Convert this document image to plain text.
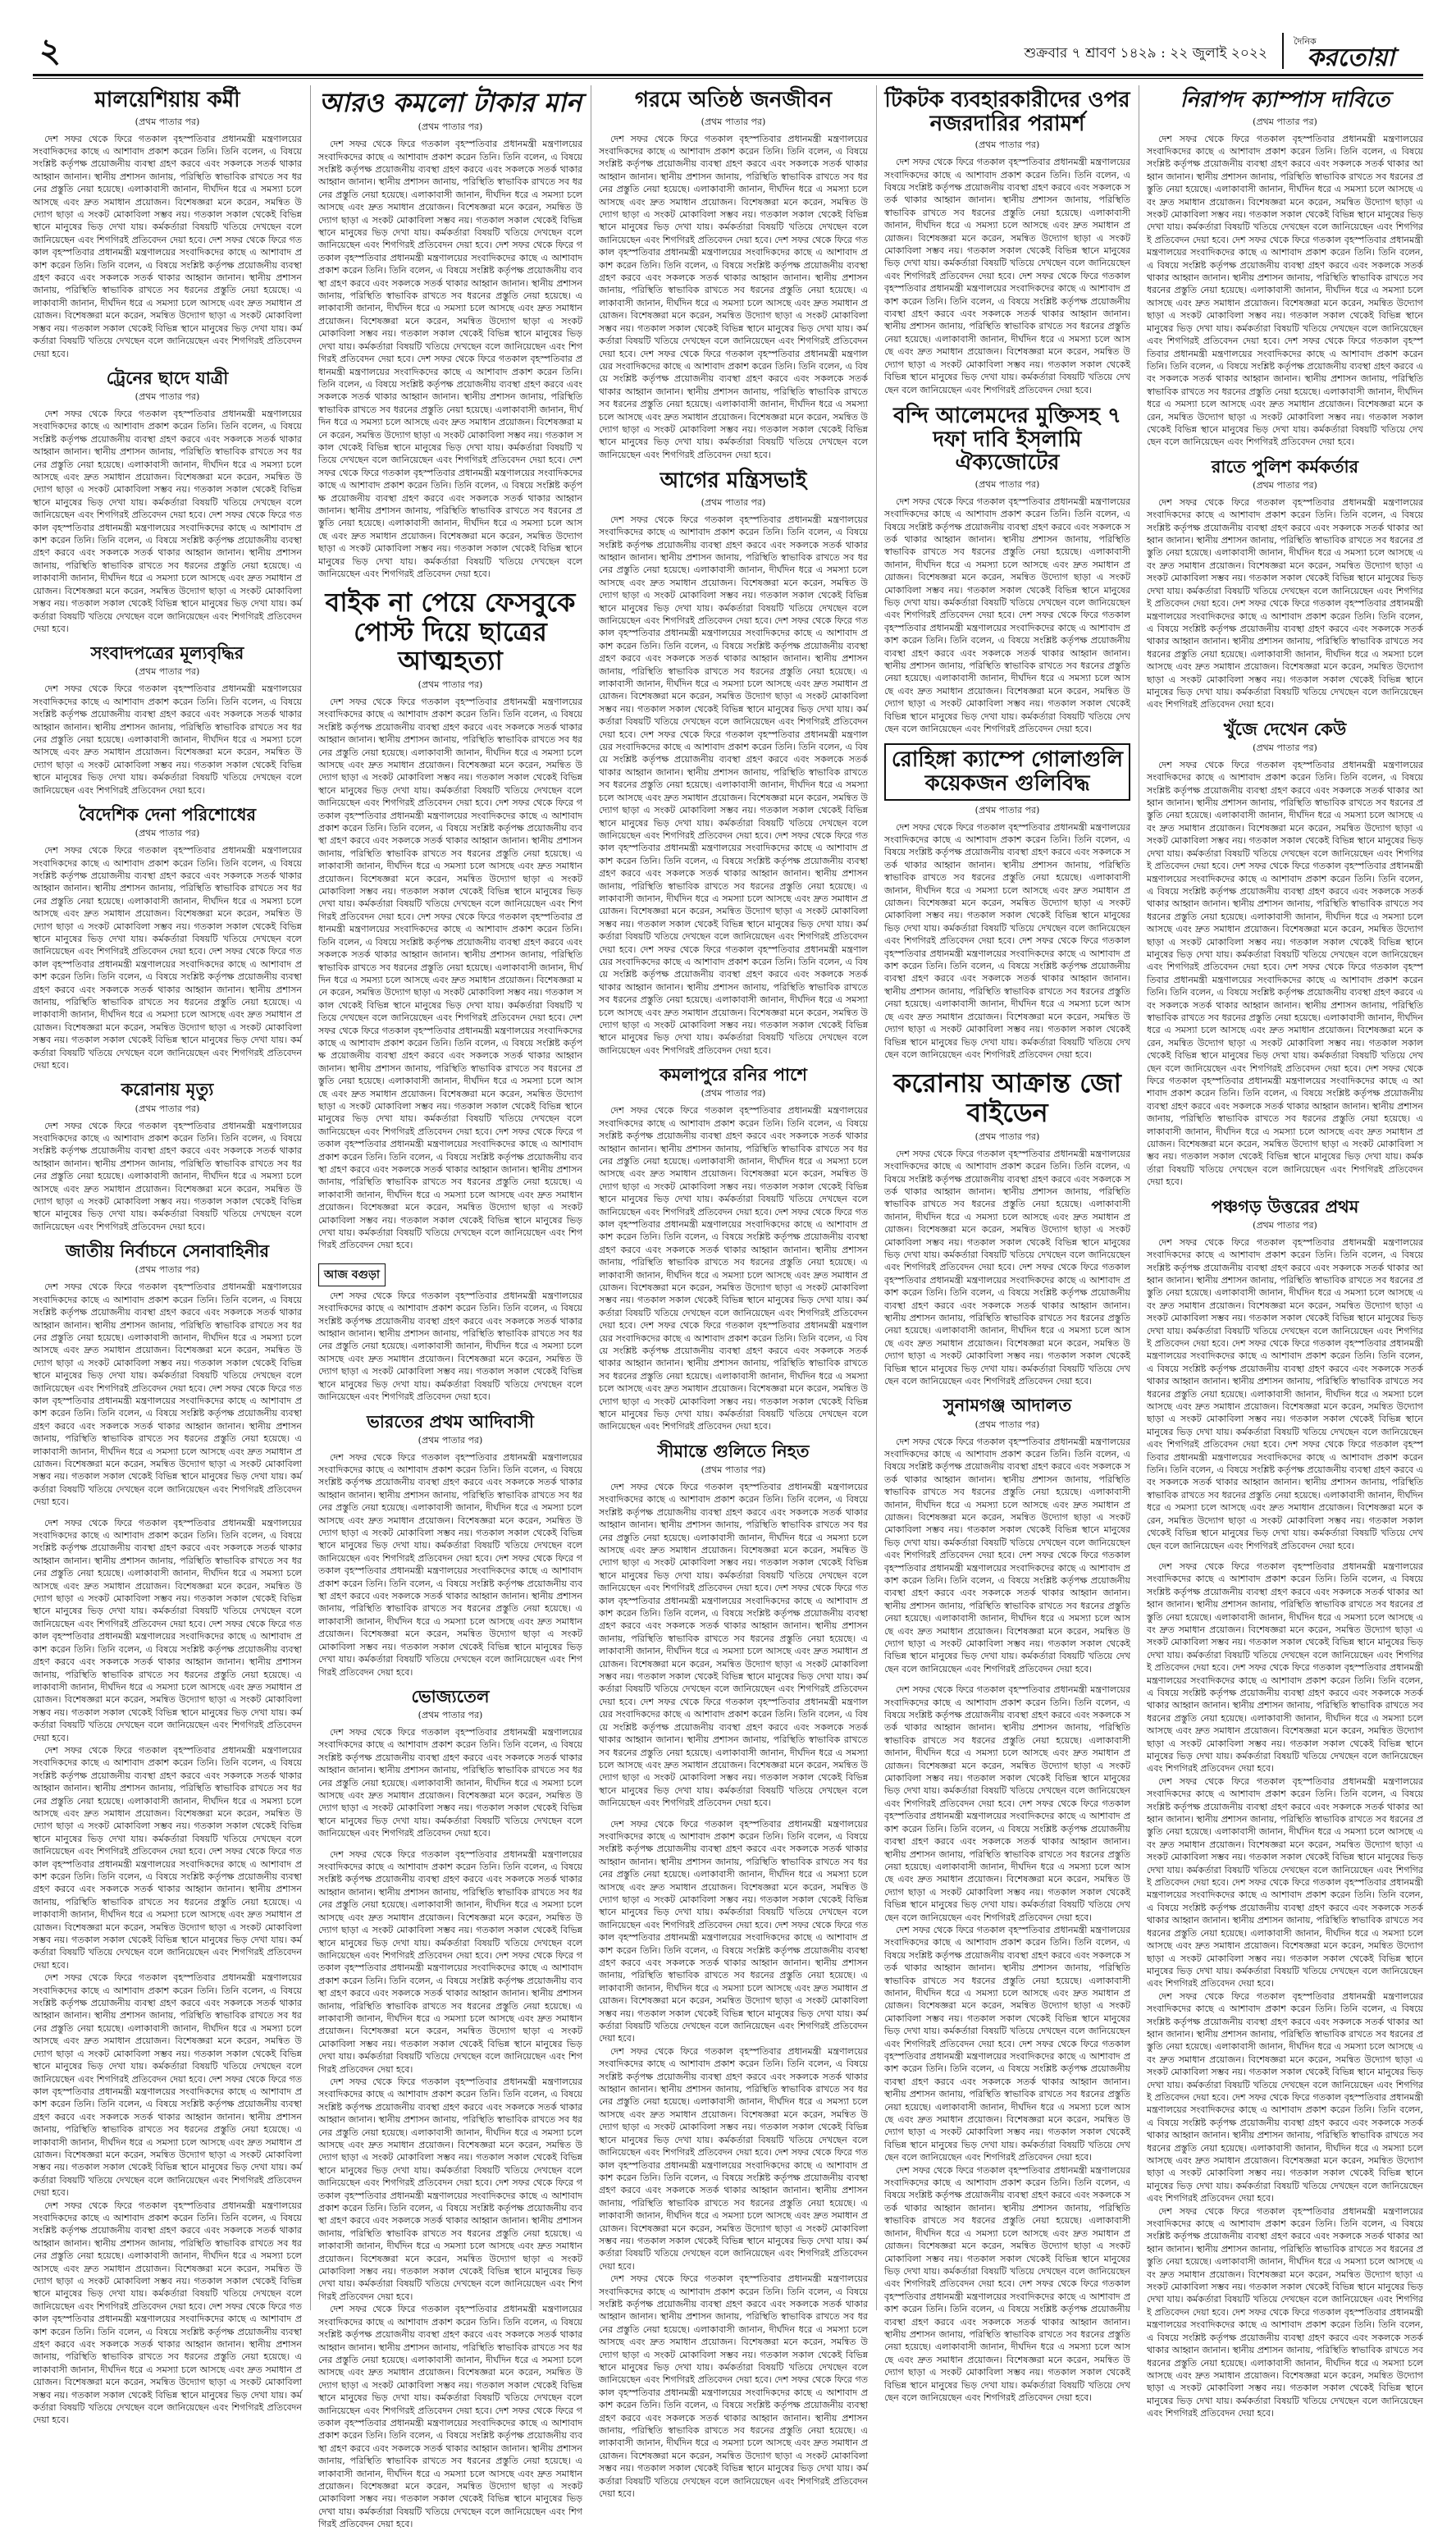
২	শুক্রবার ৭ শ্রাবণ ১৪২৯ : ২২ জুলাই ২০২২
দৈনিক
করতোয়া
মালয়েশিয়ায় কর্মী
(প্রথম পাতার পর)

দেশ সফর থেকে ফিরে গতকাল বৃহস্পতিবার প্রধানমন্ত্রী মন্ত্রণালয়ের সংবাদিকদের কাছে এ আশাবাদ প্রকাশ করেন তিনি। তিনি বলেন, এ বিষয়ে সংশ্লিষ্ট কর্তৃপক্ষ প্রয়োজনীয় ব্যবস্থা গ্রহণ করবে এবং সকলকে সতর্ক থাকার আহ্বান জানান। স্থানীয় প্রশাসন জানায়, পরিস্থিতি স্বাভাবিক রাখতে সব ধরনের প্রস্তুতি নেয়া হয়েছে। এলাকাবাসী জানান, দীর্ঘদিন ধরে এ সমস্যা চলে আসছে এবং দ্রুত সমাধান প্রয়োজন। বিশেষজ্ঞরা মনে করেন, সমন্বিত উদ্যোগ ছাড়া এ সংকট মোকাবিলা সম্ভব নয়। গতকাল সকাল থেকেই বিভিন্ন স্থানে মানুষের ভিড় দেখা যায়। কর্মকর্তারা বিষয়টি খতিয়ে দেখছেন বলে জানিয়েছেন এবং শিগগিরই প্রতিবেদন দেয়া হবে। দেশ সফর থেকে ফিরে গতকাল বৃহস্পতিবার প্রধানমন্ত্রী মন্ত্রণালয়ের সংবাদিকদের কাছে এ আশাবাদ প্রকাশ করেন তিনি। তিনি বলেন, এ বিষয়ে সংশ্লিষ্ট কর্তৃপক্ষ প্রয়োজনীয় ব্যবস্থা গ্রহণ করবে এবং সকলকে সতর্ক থাকার আহ্বান জানান। স্থানীয় প্রশাসন জানায়, পরিস্থিতি স্বাভাবিক রাখতে সব ধরনের প্রস্তুতি নেয়া হয়েছে। এলাকাবাসী জানান, দীর্ঘদিন ধরে এ সমস্যা চলে আসছে এবং দ্রুত সমাধান প্রয়োজন। বিশেষজ্ঞরা মনে করেন, সমন্বিত উদ্যোগ ছাড়া এ সংকট মোকাবিলা সম্ভব নয়। গতকাল সকাল থেকেই বিভিন্ন স্থানে মানুষের ভিড় দেখা যায়। কর্মকর্তারা বিষয়টি খতিয়ে দেখছেন বলে জানিয়েছেন এবং শিগগিরই প্রতিবেদন দেয়া হবে।

ট্রেনের ছাদে যাত্রী
(প্রথম পাতার পর)

দেশ সফর থেকে ফিরে গতকাল বৃহস্পতিবার প্রধানমন্ত্রী মন্ত্রণালয়ের সংবাদিকদের কাছে এ আশাবাদ প্রকাশ করেন তিনি। তিনি বলেন, এ বিষয়ে সংশ্লিষ্ট কর্তৃপক্ষ প্রয়োজনীয় ব্যবস্থা গ্রহণ করবে এবং সকলকে সতর্ক থাকার আহ্বান জানান। স্থানীয় প্রশাসন জানায়, পরিস্থিতি স্বাভাবিক রাখতে সব ধরনের প্রস্তুতি নেয়া হয়েছে। এলাকাবাসী জানান, দীর্ঘদিন ধরে এ সমস্যা চলে আসছে এবং দ্রুত সমাধান প্রয়োজন। বিশেষজ্ঞরা মনে করেন, সমন্বিত উদ্যোগ ছাড়া এ সংকট মোকাবিলা সম্ভব নয়। গতকাল সকাল থেকেই বিভিন্ন স্থানে মানুষের ভিড় দেখা যায়। কর্মকর্তারা বিষয়টি খতিয়ে দেখছেন বলে জানিয়েছেন এবং শিগগিরই প্রতিবেদন দেয়া হবে। দেশ সফর থেকে ফিরে গতকাল বৃহস্পতিবার প্রধানমন্ত্রী মন্ত্রণালয়ের সংবাদিকদের কাছে এ আশাবাদ প্রকাশ করেন তিনি। তিনি বলেন, এ বিষয়ে সংশ্লিষ্ট কর্তৃপক্ষ প্রয়োজনীয় ব্যবস্থা গ্রহণ করবে এবং সকলকে সতর্ক থাকার আহ্বান জানান। স্থানীয় প্রশাসন জানায়, পরিস্থিতি স্বাভাবিক রাখতে সব ধরনের প্রস্তুতি নেয়া হয়েছে। এলাকাবাসী জানান, দীর্ঘদিন ধরে এ সমস্যা চলে আসছে এবং দ্রুত সমাধান প্রয়োজন। বিশেষজ্ঞরা মনে করেন, সমন্বিত উদ্যোগ ছাড়া এ সংকট মোকাবিলা সম্ভব নয়। গতকাল সকাল থেকেই বিভিন্ন স্থানে মানুষের ভিড় দেখা যায়। কর্মকর্তারা বিষয়টি খতিয়ে দেখছেন বলে জানিয়েছেন এবং শিগগিরই প্রতিবেদন দেয়া হবে।

সংবাদপত্রের মূল্যবৃদ্ধির
(প্রথম পাতার পর)

দেশ সফর থেকে ফিরে গতকাল বৃহস্পতিবার প্রধানমন্ত্রী মন্ত্রণালয়ের সংবাদিকদের কাছে এ আশাবাদ প্রকাশ করেন তিনি। তিনি বলেন, এ বিষয়ে সংশ্লিষ্ট কর্তৃপক্ষ প্রয়োজনীয় ব্যবস্থা গ্রহণ করবে এবং সকলকে সতর্ক থাকার আহ্বান জানান। স্থানীয় প্রশাসন জানায়, পরিস্থিতি স্বাভাবিক রাখতে সব ধরনের প্রস্তুতি নেয়া হয়েছে। এলাকাবাসী জানান, দীর্ঘদিন ধরে এ সমস্যা চলে আসছে এবং দ্রুত সমাধান প্রয়োজন। বিশেষজ্ঞরা মনে করেন, সমন্বিত উদ্যোগ ছাড়া এ সংকট মোকাবিলা সম্ভব নয়। গতকাল সকাল থেকেই বিভিন্ন স্থানে মানুষের ভিড় দেখা যায়। কর্মকর্তারা বিষয়টি খতিয়ে দেখছেন বলে জানিয়েছেন এবং শিগগিরই প্রতিবেদন দেয়া হবে।

বৈদেশিক দেনা পরিশোধের
(প্রথম পাতার পর)

দেশ সফর থেকে ফিরে গতকাল বৃহস্পতিবার প্রধানমন্ত্রী মন্ত্রণালয়ের সংবাদিকদের কাছে এ আশাবাদ প্রকাশ করেন তিনি। তিনি বলেন, এ বিষয়ে সংশ্লিষ্ট কর্তৃপক্ষ প্রয়োজনীয় ব্যবস্থা গ্রহণ করবে এবং সকলকে সতর্ক থাকার আহ্বান জানান। স্থানীয় প্রশাসন জানায়, পরিস্থিতি স্বাভাবিক রাখতে সব ধরনের প্রস্তুতি নেয়া হয়েছে। এলাকাবাসী জানান, দীর্ঘদিন ধরে এ সমস্যা চলে আসছে এবং দ্রুত সমাধান প্রয়োজন। বিশেষজ্ঞরা মনে করেন, সমন্বিত উদ্যোগ ছাড়া এ সংকট মোকাবিলা সম্ভব নয়। গতকাল সকাল থেকেই বিভিন্ন স্থানে মানুষের ভিড় দেখা যায়। কর্মকর্তারা বিষয়টি খতিয়ে দেখছেন বলে জানিয়েছেন এবং শিগগিরই প্রতিবেদন দেয়া হবে। দেশ সফর থেকে ফিরে গতকাল বৃহস্পতিবার প্রধানমন্ত্রী মন্ত্রণালয়ের সংবাদিকদের কাছে এ আশাবাদ প্রকাশ করেন তিনি। তিনি বলেন, এ বিষয়ে সংশ্লিষ্ট কর্তৃপক্ষ প্রয়োজনীয় ব্যবস্থা গ্রহণ করবে এবং সকলকে সতর্ক থাকার আহ্বান জানান। স্থানীয় প্রশাসন জানায়, পরিস্থিতি স্বাভাবিক রাখতে সব ধরনের প্রস্তুতি নেয়া হয়েছে। এলাকাবাসী জানান, দীর্ঘদিন ধরে এ সমস্যা চলে আসছে এবং দ্রুত সমাধান প্রয়োজন। বিশেষজ্ঞরা মনে করেন, সমন্বিত উদ্যোগ ছাড়া এ সংকট মোকাবিলা সম্ভব নয়। গতকাল সকাল থেকেই বিভিন্ন স্থানে মানুষের ভিড় দেখা যায়। কর্মকর্তারা বিষয়টি খতিয়ে দেখছেন বলে জানিয়েছেন এবং শিগগিরই প্রতিবেদন দেয়া হবে।

করোনায় মৃত্যু
(প্রথম পাতার পর)

দেশ সফর থেকে ফিরে গতকাল বৃহস্পতিবার প্রধানমন্ত্রী মন্ত্রণালয়ের সংবাদিকদের কাছে এ আশাবাদ প্রকাশ করেন তিনি। তিনি বলেন, এ বিষয়ে সংশ্লিষ্ট কর্তৃপক্ষ প্রয়োজনীয় ব্যবস্থা গ্রহণ করবে এবং সকলকে সতর্ক থাকার আহ্বান জানান। স্থানীয় প্রশাসন জানায়, পরিস্থিতি স্বাভাবিক রাখতে সব ধরনের প্রস্তুতি নেয়া হয়েছে। এলাকাবাসী জানান, দীর্ঘদিন ধরে এ সমস্যা চলে আসছে এবং দ্রুত সমাধান প্রয়োজন। বিশেষজ্ঞরা মনে করেন, সমন্বিত উদ্যোগ ছাড়া এ সংকট মোকাবিলা সম্ভব নয়। গতকাল সকাল থেকেই বিভিন্ন স্থানে মানুষের ভিড় দেখা যায়। কর্মকর্তারা বিষয়টি খতিয়ে দেখছেন বলে জানিয়েছেন এবং শিগগিরই প্রতিবেদন দেয়া হবে।

জাতীয় নির্বাচনে সেনাবাহিনীর
(প্রথম পাতার পর)

দেশ সফর থেকে ফিরে গতকাল বৃহস্পতিবার প্রধানমন্ত্রী মন্ত্রণালয়ের সংবাদিকদের কাছে এ আশাবাদ প্রকাশ করেন তিনি। তিনি বলেন, এ বিষয়ে সংশ্লিষ্ট কর্তৃপক্ষ প্রয়োজনীয় ব্যবস্থা গ্রহণ করবে এবং সকলকে সতর্ক থাকার আহ্বান জানান। স্থানীয় প্রশাসন জানায়, পরিস্থিতি স্বাভাবিক রাখতে সব ধরনের প্রস্তুতি নেয়া হয়েছে। এলাকাবাসী জানান, দীর্ঘদিন ধরে এ সমস্যা চলে আসছে এবং দ্রুত সমাধান প্রয়োজন। বিশেষজ্ঞরা মনে করেন, সমন্বিত উদ্যোগ ছাড়া এ সংকট মোকাবিলা সম্ভব নয়। গতকাল সকাল থেকেই বিভিন্ন স্থানে মানুষের ভিড় দেখা যায়। কর্মকর্তারা বিষয়টি খতিয়ে দেখছেন বলে জানিয়েছেন এবং শিগগিরই প্রতিবেদন দেয়া হবে। দেশ সফর থেকে ফিরে গতকাল বৃহস্পতিবার প্রধানমন্ত্রী মন্ত্রণালয়ের সংবাদিকদের কাছে এ আশাবাদ প্রকাশ করেন তিনি। তিনি বলেন, এ বিষয়ে সংশ্লিষ্ট কর্তৃপক্ষ প্রয়োজনীয় ব্যবস্থা গ্রহণ করবে এবং সকলকে সতর্ক থাকার আহ্বান জানান। স্থানীয় প্রশাসন জানায়, পরিস্থিতি স্বাভাবিক রাখতে সব ধরনের প্রস্তুতি নেয়া হয়েছে। এলাকাবাসী জানান, দীর্ঘদিন ধরে এ সমস্যা চলে আসছে এবং দ্রুত সমাধান প্রয়োজন। বিশেষজ্ঞরা মনে করেন, সমন্বিত উদ্যোগ ছাড়া এ সংকট মোকাবিলা সম্ভব নয়। গতকাল সকাল থেকেই বিভিন্ন স্থানে মানুষের ভিড় দেখা যায়। কর্মকর্তারা বিষয়টি খতিয়ে দেখছেন বলে জানিয়েছেন এবং শিগগিরই প্রতিবেদন দেয়া হবে।

দেশ সফর থেকে ফিরে গতকাল বৃহস্পতিবার প্রধানমন্ত্রী মন্ত্রণালয়ের সংবাদিকদের কাছে এ আশাবাদ প্রকাশ করেন তিনি। তিনি বলেন, এ বিষয়ে সংশ্লিষ্ট কর্তৃপক্ষ প্রয়োজনীয় ব্যবস্থা গ্রহণ করবে এবং সকলকে সতর্ক থাকার আহ্বান জানান। স্থানীয় প্রশাসন জানায়, পরিস্থিতি স্বাভাবিক রাখতে সব ধরনের প্রস্তুতি নেয়া হয়েছে। এলাকাবাসী জানান, দীর্ঘদিন ধরে এ সমস্যা চলে আসছে এবং দ্রুত সমাধান প্রয়োজন। বিশেষজ্ঞরা মনে করেন, সমন্বিত উদ্যোগ ছাড়া এ সংকট মোকাবিলা সম্ভব নয়। গতকাল সকাল থেকেই বিভিন্ন স্থানে মানুষের ভিড় দেখা যায়। কর্মকর্তারা বিষয়টি খতিয়ে দেখছেন বলে জানিয়েছেন এবং শিগগিরই প্রতিবেদন দেয়া হবে। দেশ সফর থেকে ফিরে গতকাল বৃহস্পতিবার প্রধানমন্ত্রী মন্ত্রণালয়ের সংবাদিকদের কাছে এ আশাবাদ প্রকাশ করেন তিনি। তিনি বলেন, এ বিষয়ে সংশ্লিষ্ট কর্তৃপক্ষ প্রয়োজনীয় ব্যবস্থা গ্রহণ করবে এবং সকলকে সতর্ক থাকার আহ্বান জানান। স্থানীয় প্রশাসন জানায়, পরিস্থিতি স্বাভাবিক রাখতে সব ধরনের প্রস্তুতি নেয়া হয়েছে। এলাকাবাসী জানান, দীর্ঘদিন ধরে এ সমস্যা চলে আসছে এবং দ্রুত সমাধান প্রয়োজন। বিশেষজ্ঞরা মনে করেন, সমন্বিত উদ্যোগ ছাড়া এ সংকট মোকাবিলা সম্ভব নয়। গতকাল সকাল থেকেই বিভিন্ন স্থানে মানুষের ভিড় দেখা যায়। কর্মকর্তারা বিষয়টি খতিয়ে দেখছেন বলে জানিয়েছেন এবং শিগগিরই প্রতিবেদন দেয়া হবে।

দেশ সফর থেকে ফিরে গতকাল বৃহস্পতিবার প্রধানমন্ত্রী মন্ত্রণালয়ের সংবাদিকদের কাছে এ আশাবাদ প্রকাশ করেন তিনি। তিনি বলেন, এ বিষয়ে সংশ্লিষ্ট কর্তৃপক্ষ প্রয়োজনীয় ব্যবস্থা গ্রহণ করবে এবং সকলকে সতর্ক থাকার আহ্বান জানান। স্থানীয় প্রশাসন জানায়, পরিস্থিতি স্বাভাবিক রাখতে সব ধরনের প্রস্তুতি নেয়া হয়েছে। এলাকাবাসী জানান, দীর্ঘদিন ধরে এ সমস্যা চলে আসছে এবং দ্রুত সমাধান প্রয়োজন। বিশেষজ্ঞরা মনে করেন, সমন্বিত উদ্যোগ ছাড়া এ সংকট মোকাবিলা সম্ভব নয়। গতকাল সকাল থেকেই বিভিন্ন স্থানে মানুষের ভিড় দেখা যায়। কর্মকর্তারা বিষয়টি খতিয়ে দেখছেন বলে জানিয়েছেন এবং শিগগিরই প্রতিবেদন দেয়া হবে। দেশ সফর থেকে ফিরে গতকাল বৃহস্পতিবার প্রধানমন্ত্রী মন্ত্রণালয়ের সংবাদিকদের কাছে এ আশাবাদ প্রকাশ করেন তিনি। তিনি বলেন, এ বিষয়ে সংশ্লিষ্ট কর্তৃপক্ষ প্রয়োজনীয় ব্যবস্থা গ্রহণ করবে এবং সকলকে সতর্ক থাকার আহ্বান জানান। স্থানীয় প্রশাসন জানায়, পরিস্থিতি স্বাভাবিক রাখতে সব ধরনের প্রস্তুতি নেয়া হয়েছে। এলাকাবাসী জানান, দীর্ঘদিন ধরে এ সমস্যা চলে আসছে এবং দ্রুত সমাধান প্রয়োজন। বিশেষজ্ঞরা মনে করেন, সমন্বিত উদ্যোগ ছাড়া এ সংকট মোকাবিলা সম্ভব নয়। গতকাল সকাল থেকেই বিভিন্ন স্থানে মানুষের ভিড় দেখা যায়। কর্মকর্তারা বিষয়টি খতিয়ে দেখছেন বলে জানিয়েছেন এবং শিগগিরই প্রতিবেদন দেয়া হবে।

দেশ সফর থেকে ফিরে গতকাল বৃহস্পতিবার প্রধানমন্ত্রী মন্ত্রণালয়ের সংবাদিকদের কাছে এ আশাবাদ প্রকাশ করেন তিনি। তিনি বলেন, এ বিষয়ে সংশ্লিষ্ট কর্তৃপক্ষ প্রয়োজনীয় ব্যবস্থা গ্রহণ করবে এবং সকলকে সতর্ক থাকার আহ্বান জানান। স্থানীয় প্রশাসন জানায়, পরিস্থিতি স্বাভাবিক রাখতে সব ধরনের প্রস্তুতি নেয়া হয়েছে। এলাকাবাসী জানান, দীর্ঘদিন ধরে এ সমস্যা চলে আসছে এবং দ্রুত সমাধান প্রয়োজন। বিশেষজ্ঞরা মনে করেন, সমন্বিত উদ্যোগ ছাড়া এ সংকট মোকাবিলা সম্ভব নয়। গতকাল সকাল থেকেই বিভিন্ন স্থানে মানুষের ভিড় দেখা যায়। কর্মকর্তারা বিষয়টি খতিয়ে দেখছেন বলে জানিয়েছেন এবং শিগগিরই প্রতিবেদন দেয়া হবে। দেশ সফর থেকে ফিরে গতকাল বৃহস্পতিবার প্রধানমন্ত্রী মন্ত্রণালয়ের সংবাদিকদের কাছে এ আশাবাদ প্রকাশ করেন তিনি। তিনি বলেন, এ বিষয়ে সংশ্লিষ্ট কর্তৃপক্ষ প্রয়োজনীয় ব্যবস্থা গ্রহণ করবে এবং সকলকে সতর্ক থাকার আহ্বান জানান। স্থানীয় প্রশাসন জানায়, পরিস্থিতি স্বাভাবিক রাখতে সব ধরনের প্রস্তুতি নেয়া হয়েছে। এলাকাবাসী জানান, দীর্ঘদিন ধরে এ সমস্যা চলে আসছে এবং দ্রুত সমাধান প্রয়োজন। বিশেষজ্ঞরা মনে করেন, সমন্বিত উদ্যোগ ছাড়া এ সংকট মোকাবিলা সম্ভব নয়। গতকাল সকাল থেকেই বিভিন্ন স্থানে মানুষের ভিড় দেখা যায়। কর্মকর্তারা বিষয়টি খতিয়ে দেখছেন বলে জানিয়েছেন এবং শিগগিরই প্রতিবেদন দেয়া হবে।

দেশ সফর থেকে ফিরে গতকাল বৃহস্পতিবার প্রধানমন্ত্রী মন্ত্রণালয়ের সংবাদিকদের কাছে এ আশাবাদ প্রকাশ করেন তিনি। তিনি বলেন, এ বিষয়ে সংশ্লিষ্ট কর্তৃপক্ষ প্রয়োজনীয় ব্যবস্থা গ্রহণ করবে এবং সকলকে সতর্ক থাকার আহ্বান জানান। স্থানীয় প্রশাসন জানায়, পরিস্থিতি স্বাভাবিক রাখতে সব ধরনের প্রস্তুতি নেয়া হয়েছে। এলাকাবাসী জানান, দীর্ঘদিন ধরে এ সমস্যা চলে আসছে এবং দ্রুত সমাধান প্রয়োজন। বিশেষজ্ঞরা মনে করেন, সমন্বিত উদ্যোগ ছাড়া এ সংকট মোকাবিলা সম্ভব নয়। গতকাল সকাল থেকেই বিভিন্ন স্থানে মানুষের ভিড় দেখা যায়। কর্মকর্তারা বিষয়টি খতিয়ে দেখছেন বলে জানিয়েছেন এবং শিগগিরই প্রতিবেদন দেয়া হবে। দেশ সফর থেকে ফিরে গতকাল বৃহস্পতিবার প্রধানমন্ত্রী মন্ত্রণালয়ের সংবাদিকদের কাছে এ আশাবাদ প্রকাশ করেন তিনি। তিনি বলেন, এ বিষয়ে সংশ্লিষ্ট কর্তৃপক্ষ প্রয়োজনীয় ব্যবস্থা গ্রহণ করবে এবং সকলকে সতর্ক থাকার আহ্বান জানান। স্থানীয় প্রশাসন জানায়, পরিস্থিতি স্বাভাবিক রাখতে সব ধরনের প্রস্তুতি নেয়া হয়েছে। এলাকাবাসী জানান, দীর্ঘদিন ধরে এ সমস্যা চলে আসছে এবং দ্রুত সমাধান প্রয়োজন। বিশেষজ্ঞরা মনে করেন, সমন্বিত উদ্যোগ ছাড়া এ সংকট মোকাবিলা সম্ভব নয়। গতকাল সকাল থেকেই বিভিন্ন স্থানে মানুষের ভিড় দেখা যায়। কর্মকর্তারা বিষয়টি খতিয়ে দেখছেন বলে জানিয়েছেন এবং শিগগিরই প্রতিবেদন দেয়া হবে।

আরও কমলো টাকার মান
(প্রথম পাতার পর)

দেশ সফর থেকে ফিরে গতকাল বৃহস্পতিবার প্রধানমন্ত্রী মন্ত্রণালয়ের সংবাদিকদের কাছে এ আশাবাদ প্রকাশ করেন তিনি। তিনি বলেন, এ বিষয়ে সংশ্লিষ্ট কর্তৃপক্ষ প্রয়োজনীয় ব্যবস্থা গ্রহণ করবে এবং সকলকে সতর্ক থাকার আহ্বান জানান। স্থানীয় প্রশাসন জানায়, পরিস্থিতি স্বাভাবিক রাখতে সব ধরনের প্রস্তুতি নেয়া হয়েছে। এলাকাবাসী জানান, দীর্ঘদিন ধরে এ সমস্যা চলে আসছে এবং দ্রুত সমাধান প্রয়োজন। বিশেষজ্ঞরা মনে করেন, সমন্বিত উদ্যোগ ছাড়া এ সংকট মোকাবিলা সম্ভব নয়। গতকাল সকাল থেকেই বিভিন্ন স্থানে মানুষের ভিড় দেখা যায়। কর্মকর্তারা বিষয়টি খতিয়ে দেখছেন বলে জানিয়েছেন এবং শিগগিরই প্রতিবেদন দেয়া হবে। দেশ সফর থেকে ফিরে গতকাল বৃহস্পতিবার প্রধানমন্ত্রী মন্ত্রণালয়ের সংবাদিকদের কাছে এ আশাবাদ প্রকাশ করেন তিনি। তিনি বলেন, এ বিষয়ে সংশ্লিষ্ট কর্তৃপক্ষ প্রয়োজনীয় ব্যবস্থা গ্রহণ করবে এবং সকলকে সতর্ক থাকার আহ্বান জানান। স্থানীয় প্রশাসন জানায়, পরিস্থিতি স্বাভাবিক রাখতে সব ধরনের প্রস্তুতি নেয়া হয়েছে। এলাকাবাসী জানান, দীর্ঘদিন ধরে এ সমস্যা চলে আসছে এবং দ্রুত সমাধান প্রয়োজন। বিশেষজ্ঞরা মনে করেন, সমন্বিত উদ্যোগ ছাড়া এ সংকট মোকাবিলা সম্ভব নয়। গতকাল সকাল থেকেই বিভিন্ন স্থানে মানুষের ভিড় দেখা যায়। কর্মকর্তারা বিষয়টি খতিয়ে দেখছেন বলে জানিয়েছেন এবং শিগগিরই প্রতিবেদন দেয়া হবে। দেশ সফর থেকে ফিরে গতকাল বৃহস্পতিবার প্রধানমন্ত্রী মন্ত্রণালয়ের সংবাদিকদের কাছে এ আশাবাদ প্রকাশ করেন তিনি। তিনি বলেন, এ বিষয়ে সংশ্লিষ্ট কর্তৃপক্ষ প্রয়োজনীয় ব্যবস্থা গ্রহণ করবে এবং সকলকে সতর্ক থাকার আহ্বান জানান। স্থানীয় প্রশাসন জানায়, পরিস্থিতি স্বাভাবিক রাখতে সব ধরনের প্রস্তুতি নেয়া হয়েছে। এলাকাবাসী জানান, দীর্ঘদিন ধরে এ সমস্যা চলে আসছে এবং দ্রুত সমাধান প্রয়োজন। বিশেষজ্ঞরা মনে করেন, সমন্বিত উদ্যোগ ছাড়া এ সংকট মোকাবিলা সম্ভব নয়। গতকাল সকাল থেকেই বিভিন্ন স্থানে মানুষের ভিড় দেখা যায়। কর্মকর্তারা বিষয়টি খতিয়ে দেখছেন বলে জানিয়েছেন এবং শিগগিরই প্রতিবেদন দেয়া হবে। দেশ সফর থেকে ফিরে গতকাল বৃহস্পতিবার প্রধানমন্ত্রী মন্ত্রণালয়ের সংবাদিকদের কাছে এ আশাবাদ প্রকাশ করেন তিনি। তিনি বলেন, এ বিষয়ে সংশ্লিষ্ট কর্তৃপক্ষ প্রয়োজনীয় ব্যবস্থা গ্রহণ করবে এবং সকলকে সতর্ক থাকার আহ্বান জানান। স্থানীয় প্রশাসন জানায়, পরিস্থিতি স্বাভাবিক রাখতে সব ধরনের প্রস্তুতি নেয়া হয়েছে। এলাকাবাসী জানান, দীর্ঘদিন ধরে এ সমস্যা চলে আসছে এবং দ্রুত সমাধান প্রয়োজন। বিশেষজ্ঞরা মনে করেন, সমন্বিত উদ্যোগ ছাড়া এ সংকট মোকাবিলা সম্ভব নয়। গতকাল সকাল থেকেই বিভিন্ন স্থানে মানুষের ভিড় দেখা যায়। কর্মকর্তারা বিষয়টি খতিয়ে দেখছেন বলে জানিয়েছেন এবং শিগগিরই প্রতিবেদন দেয়া হবে।

বাইক না পেয়ে ফেসবুকে পোস্ট দিয়ে ছাত্রের আত্মহত্যা
(প্রথম পাতার পর)

দেশ সফর থেকে ফিরে গতকাল বৃহস্পতিবার প্রধানমন্ত্রী মন্ত্রণালয়ের সংবাদিকদের কাছে এ আশাবাদ প্রকাশ করেন তিনি। তিনি বলেন, এ বিষয়ে সংশ্লিষ্ট কর্তৃপক্ষ প্রয়োজনীয় ব্যবস্থা গ্রহণ করবে এবং সকলকে সতর্ক থাকার আহ্বান জানান। স্থানীয় প্রশাসন জানায়, পরিস্থিতি স্বাভাবিক রাখতে সব ধরনের প্রস্তুতি নেয়া হয়েছে। এলাকাবাসী জানান, দীর্ঘদিন ধরে এ সমস্যা চলে আসছে এবং দ্রুত সমাধান প্রয়োজন। বিশেষজ্ঞরা মনে করেন, সমন্বিত উদ্যোগ ছাড়া এ সংকট মোকাবিলা সম্ভব নয়। গতকাল সকাল থেকেই বিভিন্ন স্থানে মানুষের ভিড় দেখা যায়। কর্মকর্তারা বিষয়টি খতিয়ে দেখছেন বলে জানিয়েছেন এবং শিগগিরই প্রতিবেদন দেয়া হবে। দেশ সফর থেকে ফিরে গতকাল বৃহস্পতিবার প্রধানমন্ত্রী মন্ত্রণালয়ের সংবাদিকদের কাছে এ আশাবাদ প্রকাশ করেন তিনি। তিনি বলেন, এ বিষয়ে সংশ্লিষ্ট কর্তৃপক্ষ প্রয়োজনীয় ব্যবস্থা গ্রহণ করবে এবং সকলকে সতর্ক থাকার আহ্বান জানান। স্থানীয় প্রশাসন জানায়, পরিস্থিতি স্বাভাবিক রাখতে সব ধরনের প্রস্তুতি নেয়া হয়েছে। এলাকাবাসী জানান, দীর্ঘদিন ধরে এ সমস্যা চলে আসছে এবং দ্রুত সমাধান প্রয়োজন। বিশেষজ্ঞরা মনে করেন, সমন্বিত উদ্যোগ ছাড়া এ সংকট মোকাবিলা সম্ভব নয়। গতকাল সকাল থেকেই বিভিন্ন স্থানে মানুষের ভিড় দেখা যায়। কর্মকর্তারা বিষয়টি খতিয়ে দেখছেন বলে জানিয়েছেন এবং শিগগিরই প্রতিবেদন দেয়া হবে। দেশ সফর থেকে ফিরে গতকাল বৃহস্পতিবার প্রধানমন্ত্রী মন্ত্রণালয়ের সংবাদিকদের কাছে এ আশাবাদ প্রকাশ করেন তিনি। তিনি বলেন, এ বিষয়ে সংশ্লিষ্ট কর্তৃপক্ষ প্রয়োজনীয় ব্যবস্থা গ্রহণ করবে এবং সকলকে সতর্ক থাকার আহ্বান জানান। স্থানীয় প্রশাসন জানায়, পরিস্থিতি স্বাভাবিক রাখতে সব ধরনের প্রস্তুতি নেয়া হয়েছে। এলাকাবাসী জানান, দীর্ঘদিন ধরে এ সমস্যা চলে আসছে এবং দ্রুত সমাধান প্রয়োজন। বিশেষজ্ঞরা মনে করেন, সমন্বিত উদ্যোগ ছাড়া এ সংকট মোকাবিলা সম্ভব নয়। গতকাল সকাল থেকেই বিভিন্ন স্থানে মানুষের ভিড় দেখা যায়। কর্মকর্তারা বিষয়টি খতিয়ে দেখছেন বলে জানিয়েছেন এবং শিগগিরই প্রতিবেদন দেয়া হবে। দেশ সফর থেকে ফিরে গতকাল বৃহস্পতিবার প্রধানমন্ত্রী মন্ত্রণালয়ের সংবাদিকদের কাছে এ আশাবাদ প্রকাশ করেন তিনি। তিনি বলেন, এ বিষয়ে সংশ্লিষ্ট কর্তৃপক্ষ প্রয়োজনীয় ব্যবস্থা গ্রহণ করবে এবং সকলকে সতর্ক থাকার আহ্বান জানান। স্থানীয় প্রশাসন জানায়, পরিস্থিতি স্বাভাবিক রাখতে সব ধরনের প্রস্তুতি নেয়া হয়েছে। এলাকাবাসী জানান, দীর্ঘদিন ধরে এ সমস্যা চলে আসছে এবং দ্রুত সমাধান প্রয়োজন। বিশেষজ্ঞরা মনে করেন, সমন্বিত উদ্যোগ ছাড়া এ সংকট মোকাবিলা সম্ভব নয়। গতকাল সকাল থেকেই বিভিন্ন স্থানে মানুষের ভিড় দেখা যায়। কর্মকর্তারা বিষয়টি খতিয়ে দেখছেন বলে জানিয়েছেন এবং শিগগিরই প্রতিবেদন দেয়া হবে। দেশ সফর থেকে ফিরে গতকাল বৃহস্পতিবার প্রধানমন্ত্রী মন্ত্রণালয়ের সংবাদিকদের কাছে এ আশাবাদ প্রকাশ করেন তিনি। তিনি বলেন, এ বিষয়ে সংশ্লিষ্ট কর্তৃপক্ষ প্রয়োজনীয় ব্যবস্থা গ্রহণ করবে এবং সকলকে সতর্ক থাকার আহ্বান জানান। স্থানীয় প্রশাসন জানায়, পরিস্থিতি স্বাভাবিক রাখতে সব ধরনের প্রস্তুতি নেয়া হয়েছে। এলাকাবাসী জানান, দীর্ঘদিন ধরে এ সমস্যা চলে আসছে এবং দ্রুত সমাধান প্রয়োজন। বিশেষজ্ঞরা মনে করেন, সমন্বিত উদ্যোগ ছাড়া এ সংকট মোকাবিলা সম্ভব নয়। গতকাল সকাল থেকেই বিভিন্ন স্থানে মানুষের ভিড় দেখা যায়। কর্মকর্তারা বিষয়টি খতিয়ে দেখছেন বলে জানিয়েছেন এবং শিগগিরই প্রতিবেদন দেয়া হবে।

আজ বগুড়া

দেশ সফর থেকে ফিরে গতকাল বৃহস্পতিবার প্রধানমন্ত্রী মন্ত্রণালয়ের সংবাদিকদের কাছে এ আশাবাদ প্রকাশ করেন তিনি। তিনি বলেন, এ বিষয়ে সংশ্লিষ্ট কর্তৃপক্ষ প্রয়োজনীয় ব্যবস্থা গ্রহণ করবে এবং সকলকে সতর্ক থাকার আহ্বান জানান। স্থানীয় প্রশাসন জানায়, পরিস্থিতি স্বাভাবিক রাখতে সব ধরনের প্রস্তুতি নেয়া হয়েছে। এলাকাবাসী জানান, দীর্ঘদিন ধরে এ সমস্যা চলে আসছে এবং দ্রুত সমাধান প্রয়োজন। বিশেষজ্ঞরা মনে করেন, সমন্বিত উদ্যোগ ছাড়া এ সংকট মোকাবিলা সম্ভব নয়। গতকাল সকাল থেকেই বিভিন্ন স্থানে মানুষের ভিড় দেখা যায়। কর্মকর্তারা বিষয়টি খতিয়ে দেখছেন বলে জানিয়েছেন এবং শিগগিরই প্রতিবেদন দেয়া হবে।

ভারতের প্রথম আদিবাসী
(প্রথম পাতার পর)

দেশ সফর থেকে ফিরে গতকাল বৃহস্পতিবার প্রধানমন্ত্রী মন্ত্রণালয়ের সংবাদিকদের কাছে এ আশাবাদ প্রকাশ করেন তিনি। তিনি বলেন, এ বিষয়ে সংশ্লিষ্ট কর্তৃপক্ষ প্রয়োজনীয় ব্যবস্থা গ্রহণ করবে এবং সকলকে সতর্ক থাকার আহ্বান জানান। স্থানীয় প্রশাসন জানায়, পরিস্থিতি স্বাভাবিক রাখতে সব ধরনের প্রস্তুতি নেয়া হয়েছে। এলাকাবাসী জানান, দীর্ঘদিন ধরে এ সমস্যা চলে আসছে এবং দ্রুত সমাধান প্রয়োজন। বিশেষজ্ঞরা মনে করেন, সমন্বিত উদ্যোগ ছাড়া এ সংকট মোকাবিলা সম্ভব নয়। গতকাল সকাল থেকেই বিভিন্ন স্থানে মানুষের ভিড় দেখা যায়। কর্মকর্তারা বিষয়টি খতিয়ে দেখছেন বলে জানিয়েছেন এবং শিগগিরই প্রতিবেদন দেয়া হবে। দেশ সফর থেকে ফিরে গতকাল বৃহস্পতিবার প্রধানমন্ত্রী মন্ত্রণালয়ের সংবাদিকদের কাছে এ আশাবাদ প্রকাশ করেন তিনি। তিনি বলেন, এ বিষয়ে সংশ্লিষ্ট কর্তৃপক্ষ প্রয়োজনীয় ব্যবস্থা গ্রহণ করবে এবং সকলকে সতর্ক থাকার আহ্বান জানান। স্থানীয় প্রশাসন জানায়, পরিস্থিতি স্বাভাবিক রাখতে সব ধরনের প্রস্তুতি নেয়া হয়েছে। এলাকাবাসী জানান, দীর্ঘদিন ধরে এ সমস্যা চলে আসছে এবং দ্রুত সমাধান প্রয়োজন। বিশেষজ্ঞরা মনে করেন, সমন্বিত উদ্যোগ ছাড়া এ সংকট মোকাবিলা সম্ভব নয়। গতকাল সকাল থেকেই বিভিন্ন স্থানে মানুষের ভিড় দেখা যায়। কর্মকর্তারা বিষয়টি খতিয়ে দেখছেন বলে জানিয়েছেন এবং শিগগিরই প্রতিবেদন দেয়া হবে।

ভোজ্যতেল
(প্রথম পাতার পর)

দেশ সফর থেকে ফিরে গতকাল বৃহস্পতিবার প্রধানমন্ত্রী মন্ত্রণালয়ের সংবাদিকদের কাছে এ আশাবাদ প্রকাশ করেন তিনি। তিনি বলেন, এ বিষয়ে সংশ্লিষ্ট কর্তৃপক্ষ প্রয়োজনীয় ব্যবস্থা গ্রহণ করবে এবং সকলকে সতর্ক থাকার আহ্বান জানান। স্থানীয় প্রশাসন জানায়, পরিস্থিতি স্বাভাবিক রাখতে সব ধরনের প্রস্তুতি নেয়া হয়েছে। এলাকাবাসী জানান, দীর্ঘদিন ধরে এ সমস্যা চলে আসছে এবং দ্রুত সমাধান প্রয়োজন। বিশেষজ্ঞরা মনে করেন, সমন্বিত উদ্যোগ ছাড়া এ সংকট মোকাবিলা সম্ভব নয়। গতকাল সকাল থেকেই বিভিন্ন স্থানে মানুষের ভিড় দেখা যায়। কর্মকর্তারা বিষয়টি খতিয়ে দেখছেন বলে জানিয়েছেন এবং শিগগিরই প্রতিবেদন দেয়া হবে।

দেশ সফর থেকে ফিরে গতকাল বৃহস্পতিবার প্রধানমন্ত্রী মন্ত্রণালয়ের সংবাদিকদের কাছে এ আশাবাদ প্রকাশ করেন তিনি। তিনি বলেন, এ বিষয়ে সংশ্লিষ্ট কর্তৃপক্ষ প্রয়োজনীয় ব্যবস্থা গ্রহণ করবে এবং সকলকে সতর্ক থাকার আহ্বান জানান। স্থানীয় প্রশাসন জানায়, পরিস্থিতি স্বাভাবিক রাখতে সব ধরনের প্রস্তুতি নেয়া হয়েছে। এলাকাবাসী জানান, দীর্ঘদিন ধরে এ সমস্যা চলে আসছে এবং দ্রুত সমাধান প্রয়োজন। বিশেষজ্ঞরা মনে করেন, সমন্বিত উদ্যোগ ছাড়া এ সংকট মোকাবিলা সম্ভব নয়। গতকাল সকাল থেকেই বিভিন্ন স্থানে মানুষের ভিড় দেখা যায়। কর্মকর্তারা বিষয়টি খতিয়ে দেখছেন বলে জানিয়েছেন এবং শিগগিরই প্রতিবেদন দেয়া হবে। দেশ সফর থেকে ফিরে গতকাল বৃহস্পতিবার প্রধানমন্ত্রী মন্ত্রণালয়ের সংবাদিকদের কাছে এ আশাবাদ প্রকাশ করেন তিনি। তিনি বলেন, এ বিষয়ে সংশ্লিষ্ট কর্তৃপক্ষ প্রয়োজনীয় ব্যবস্থা গ্রহণ করবে এবং সকলকে সতর্ক থাকার আহ্বান জানান। স্থানীয় প্রশাসন জানায়, পরিস্থিতি স্বাভাবিক রাখতে সব ধরনের প্রস্তুতি নেয়া হয়েছে। এলাকাবাসী জানান, দীর্ঘদিন ধরে এ সমস্যা চলে আসছে এবং দ্রুত সমাধান প্রয়োজন। বিশেষজ্ঞরা মনে করেন, সমন্বিত উদ্যোগ ছাড়া এ সংকট মোকাবিলা সম্ভব নয়। গতকাল সকাল থেকেই বিভিন্ন স্থানে মানুষের ভিড় দেখা যায়। কর্মকর্তারা বিষয়টি খতিয়ে দেখছেন বলে জানিয়েছেন এবং শিগগিরই প্রতিবেদন দেয়া হবে।

দেশ সফর থেকে ফিরে গতকাল বৃহস্পতিবার প্রধানমন্ত্রী মন্ত্রণালয়ের সংবাদিকদের কাছে এ আশাবাদ প্রকাশ করেন তিনি। তিনি বলেন, এ বিষয়ে সংশ্লিষ্ট কর্তৃপক্ষ প্রয়োজনীয় ব্যবস্থা গ্রহণ করবে এবং সকলকে সতর্ক থাকার আহ্বান জানান। স্থানীয় প্রশাসন জানায়, পরিস্থিতি স্বাভাবিক রাখতে সব ধরনের প্রস্তুতি নেয়া হয়েছে। এলাকাবাসী জানান, দীর্ঘদিন ধরে এ সমস্যা চলে আসছে এবং দ্রুত সমাধান প্রয়োজন। বিশেষজ্ঞরা মনে করেন, সমন্বিত উদ্যোগ ছাড়া এ সংকট মোকাবিলা সম্ভব নয়। গতকাল সকাল থেকেই বিভিন্ন স্থানে মানুষের ভিড় দেখা যায়। কর্মকর্তারা বিষয়টি খতিয়ে দেখছেন বলে জানিয়েছেন এবং শিগগিরই প্রতিবেদন দেয়া হবে। দেশ সফর থেকে ফিরে গতকাল বৃহস্পতিবার প্রধানমন্ত্রী মন্ত্রণালয়ের সংবাদিকদের কাছে এ আশাবাদ প্রকাশ করেন তিনি। তিনি বলেন, এ বিষয়ে সংশ্লিষ্ট কর্তৃপক্ষ প্রয়োজনীয় ব্যবস্থা গ্রহণ করবে এবং সকলকে সতর্ক থাকার আহ্বান জানান। স্থানীয় প্রশাসন জানায়, পরিস্থিতি স্বাভাবিক রাখতে সব ধরনের প্রস্তুতি নেয়া হয়েছে। এলাকাবাসী জানান, দীর্ঘদিন ধরে এ সমস্যা চলে আসছে এবং দ্রুত সমাধান প্রয়োজন। বিশেষজ্ঞরা মনে করেন, সমন্বিত উদ্যোগ ছাড়া এ সংকট মোকাবিলা সম্ভব নয়। গতকাল সকাল থেকেই বিভিন্ন স্থানে মানুষের ভিড় দেখা যায়। কর্মকর্তারা বিষয়টি খতিয়ে দেখছেন বলে জানিয়েছেন এবং শিগগিরই প্রতিবেদন দেয়া হবে।

দেশ সফর থেকে ফিরে গতকাল বৃহস্পতিবার প্রধানমন্ত্রী মন্ত্রণালয়ের সংবাদিকদের কাছে এ আশাবাদ প্রকাশ করেন তিনি। তিনি বলেন, এ বিষয়ে সংশ্লিষ্ট কর্তৃপক্ষ প্রয়োজনীয় ব্যবস্থা গ্রহণ করবে এবং সকলকে সতর্ক থাকার আহ্বান জানান। স্থানীয় প্রশাসন জানায়, পরিস্থিতি স্বাভাবিক রাখতে সব ধরনের প্রস্তুতি নেয়া হয়েছে। এলাকাবাসী জানান, দীর্ঘদিন ধরে এ সমস্যা চলে আসছে এবং দ্রুত সমাধান প্রয়োজন। বিশেষজ্ঞরা মনে করেন, সমন্বিত উদ্যোগ ছাড়া এ সংকট মোকাবিলা সম্ভব নয়। গতকাল সকাল থেকেই বিভিন্ন স্থানে মানুষের ভিড় দেখা যায়। কর্মকর্তারা বিষয়টি খতিয়ে দেখছেন বলে জানিয়েছেন এবং শিগগিরই প্রতিবেদন দেয়া হবে। দেশ সফর থেকে ফিরে গতকাল বৃহস্পতিবার প্রধানমন্ত্রী মন্ত্রণালয়ের সংবাদিকদের কাছে এ আশাবাদ প্রকাশ করেন তিনি। তিনি বলেন, এ বিষয়ে সংশ্লিষ্ট কর্তৃপক্ষ প্রয়োজনীয় ব্যবস্থা গ্রহণ করবে এবং সকলকে সতর্ক থাকার আহ্বান জানান। স্থানীয় প্রশাসন জানায়, পরিস্থিতি স্বাভাবিক রাখতে সব ধরনের প্রস্তুতি নেয়া হয়েছে। এলাকাবাসী জানান, দীর্ঘদিন ধরে এ সমস্যা চলে আসছে এবং দ্রুত সমাধান প্রয়োজন। বিশেষজ্ঞরা মনে করেন, সমন্বিত উদ্যোগ ছাড়া এ সংকট মোকাবিলা সম্ভব নয়। গতকাল সকাল থেকেই বিভিন্ন স্থানে মানুষের ভিড় দেখা যায়। কর্মকর্তারা বিষয়টি খতিয়ে দেখছেন বলে জানিয়েছেন এবং শিগগিরই প্রতিবেদন দেয়া হবে।

গরমে অতিষ্ঠ জনজীবন
(প্রথম পাতার পর)

দেশ সফর থেকে ফিরে গতকাল বৃহস্পতিবার প্রধানমন্ত্রী মন্ত্রণালয়ের সংবাদিকদের কাছে এ আশাবাদ প্রকাশ করেন তিনি। তিনি বলেন, এ বিষয়ে সংশ্লিষ্ট কর্তৃপক্ষ প্রয়োজনীয় ব্যবস্থা গ্রহণ করবে এবং সকলকে সতর্ক থাকার আহ্বান জানান। স্থানীয় প্রশাসন জানায়, পরিস্থিতি স্বাভাবিক রাখতে সব ধরনের প্রস্তুতি নেয়া হয়েছে। এলাকাবাসী জানান, দীর্ঘদিন ধরে এ সমস্যা চলে আসছে এবং দ্রুত সমাধান প্রয়োজন। বিশেষজ্ঞরা মনে করেন, সমন্বিত উদ্যোগ ছাড়া এ সংকট মোকাবিলা সম্ভব নয়। গতকাল সকাল থেকেই বিভিন্ন স্থানে মানুষের ভিড় দেখা যায়। কর্মকর্তারা বিষয়টি খতিয়ে দেখছেন বলে জানিয়েছেন এবং শিগগিরই প্রতিবেদন দেয়া হবে। দেশ সফর থেকে ফিরে গতকাল বৃহস্পতিবার প্রধানমন্ত্রী মন্ত্রণালয়ের সংবাদিকদের কাছে এ আশাবাদ প্রকাশ করেন তিনি। তিনি বলেন, এ বিষয়ে সংশ্লিষ্ট কর্তৃপক্ষ প্রয়োজনীয় ব্যবস্থা গ্রহণ করবে এবং সকলকে সতর্ক থাকার আহ্বান জানান। স্থানীয় প্রশাসন জানায়, পরিস্থিতি স্বাভাবিক রাখতে সব ধরনের প্রস্তুতি নেয়া হয়েছে। এলাকাবাসী জানান, দীর্ঘদিন ধরে এ সমস্যা চলে আসছে এবং দ্রুত সমাধান প্রয়োজন। বিশেষজ্ঞরা মনে করেন, সমন্বিত উদ্যোগ ছাড়া এ সংকট মোকাবিলা সম্ভব নয়। গতকাল সকাল থেকেই বিভিন্ন স্থানে মানুষের ভিড় দেখা যায়। কর্মকর্তারা বিষয়টি খতিয়ে দেখছেন বলে জানিয়েছেন এবং শিগগিরই প্রতিবেদন দেয়া হবে। দেশ সফর থেকে ফিরে গতকাল বৃহস্পতিবার প্রধানমন্ত্রী মন্ত্রণালয়ের সংবাদিকদের কাছে এ আশাবাদ প্রকাশ করেন তিনি। তিনি বলেন, এ বিষয়ে সংশ্লিষ্ট কর্তৃপক্ষ প্রয়োজনীয় ব্যবস্থা গ্রহণ করবে এবং সকলকে সতর্ক থাকার আহ্বান জানান। স্থানীয় প্রশাসন জানায়, পরিস্থিতি স্বাভাবিক রাখতে সব ধরনের প্রস্তুতি নেয়া হয়েছে। এলাকাবাসী জানান, দীর্ঘদিন ধরে এ সমস্যা চলে আসছে এবং দ্রুত সমাধান প্রয়োজন। বিশেষজ্ঞরা মনে করেন, সমন্বিত উদ্যোগ ছাড়া এ সংকট মোকাবিলা সম্ভব নয়। গতকাল সকাল থেকেই বিভিন্ন স্থানে মানুষের ভিড় দেখা যায়। কর্মকর্তারা বিষয়টি খতিয়ে দেখছেন বলে জানিয়েছেন এবং শিগগিরই প্রতিবেদন দেয়া হবে।

আগের মন্ত্রিসভাই
(প্রথম পাতার পর)

দেশ সফর থেকে ফিরে গতকাল বৃহস্পতিবার প্রধানমন্ত্রী মন্ত্রণালয়ের সংবাদিকদের কাছে এ আশাবাদ প্রকাশ করেন তিনি। তিনি বলেন, এ বিষয়ে সংশ্লিষ্ট কর্তৃপক্ষ প্রয়োজনীয় ব্যবস্থা গ্রহণ করবে এবং সকলকে সতর্ক থাকার আহ্বান জানান। স্থানীয় প্রশাসন জানায়, পরিস্থিতি স্বাভাবিক রাখতে সব ধরনের প্রস্তুতি নেয়া হয়েছে। এলাকাবাসী জানান, দীর্ঘদিন ধরে এ সমস্যা চলে আসছে এবং দ্রুত সমাধান প্রয়োজন। বিশেষজ্ঞরা মনে করেন, সমন্বিত উদ্যোগ ছাড়া এ সংকট মোকাবিলা সম্ভব নয়। গতকাল সকাল থেকেই বিভিন্ন স্থানে মানুষের ভিড় দেখা যায়। কর্মকর্তারা বিষয়টি খতিয়ে দেখছেন বলে জানিয়েছেন এবং শিগগিরই প্রতিবেদন দেয়া হবে। দেশ সফর থেকে ফিরে গতকাল বৃহস্পতিবার প্রধানমন্ত্রী মন্ত্রণালয়ের সংবাদিকদের কাছে এ আশাবাদ প্রকাশ করেন তিনি। তিনি বলেন, এ বিষয়ে সংশ্লিষ্ট কর্তৃপক্ষ প্রয়োজনীয় ব্যবস্থা গ্রহণ করবে এবং সকলকে সতর্ক থাকার আহ্বান জানান। স্থানীয় প্রশাসন জানায়, পরিস্থিতি স্বাভাবিক রাখতে সব ধরনের প্রস্তুতি নেয়া হয়েছে। এলাকাবাসী জানান, দীর্ঘদিন ধরে এ সমস্যা চলে আসছে এবং দ্রুত সমাধান প্রয়োজন। বিশেষজ্ঞরা মনে করেন, সমন্বিত উদ্যোগ ছাড়া এ সংকট মোকাবিলা সম্ভব নয়। গতকাল সকাল থেকেই বিভিন্ন স্থানে মানুষের ভিড় দেখা যায়। কর্মকর্তারা বিষয়টি খতিয়ে দেখছেন বলে জানিয়েছেন এবং শিগগিরই প্রতিবেদন দেয়া হবে। দেশ সফর থেকে ফিরে গতকাল বৃহস্পতিবার প্রধানমন্ত্রী মন্ত্রণালয়ের সংবাদিকদের কাছে এ আশাবাদ প্রকাশ করেন তিনি। তিনি বলেন, এ বিষয়ে সংশ্লিষ্ট কর্তৃপক্ষ প্রয়োজনীয় ব্যবস্থা গ্রহণ করবে এবং সকলকে সতর্ক থাকার আহ্বান জানান। স্থানীয় প্রশাসন জানায়, পরিস্থিতি স্বাভাবিক রাখতে সব ধরনের প্রস্তুতি নেয়া হয়েছে। এলাকাবাসী জানান, দীর্ঘদিন ধরে এ সমস্যা চলে আসছে এবং দ্রুত সমাধান প্রয়োজন। বিশেষজ্ঞরা মনে করেন, সমন্বিত উদ্যোগ ছাড়া এ সংকট মোকাবিলা সম্ভব নয়। গতকাল সকাল থেকেই বিভিন্ন স্থানে মানুষের ভিড় দেখা যায়। কর্মকর্তারা বিষয়টি খতিয়ে দেখছেন বলে জানিয়েছেন এবং শিগগিরই প্রতিবেদন দেয়া হবে। দেশ সফর থেকে ফিরে গতকাল বৃহস্পতিবার প্রধানমন্ত্রী মন্ত্রণালয়ের সংবাদিকদের কাছে এ আশাবাদ প্রকাশ করেন তিনি। তিনি বলেন, এ বিষয়ে সংশ্লিষ্ট কর্তৃপক্ষ প্রয়োজনীয় ব্যবস্থা গ্রহণ করবে এবং সকলকে সতর্ক থাকার আহ্বান জানান। স্থানীয় প্রশাসন জানায়, পরিস্থিতি স্বাভাবিক রাখতে সব ধরনের প্রস্তুতি নেয়া হয়েছে। এলাকাবাসী জানান, দীর্ঘদিন ধরে এ সমস্যা চলে আসছে এবং দ্রুত সমাধান প্রয়োজন। বিশেষজ্ঞরা মনে করেন, সমন্বিত উদ্যোগ ছাড়া এ সংকট মোকাবিলা সম্ভব নয়। গতকাল সকাল থেকেই বিভিন্ন স্থানে মানুষের ভিড় দেখা যায়। কর্মকর্তারা বিষয়টি খতিয়ে দেখছেন বলে জানিয়েছেন এবং শিগগিরই প্রতিবেদন দেয়া হবে। দেশ সফর থেকে ফিরে গতকাল বৃহস্পতিবার প্রধানমন্ত্রী মন্ত্রণালয়ের সংবাদিকদের কাছে এ আশাবাদ প্রকাশ করেন তিনি। তিনি বলেন, এ বিষয়ে সংশ্লিষ্ট কর্তৃপক্ষ প্রয়োজনীয় ব্যবস্থা গ্রহণ করবে এবং সকলকে সতর্ক থাকার আহ্বান জানান। স্থানীয় প্রশাসন জানায়, পরিস্থিতি স্বাভাবিক রাখতে সব ধরনের প্রস্তুতি নেয়া হয়েছে। এলাকাবাসী জানান, দীর্ঘদিন ধরে এ সমস্যা চলে আসছে এবং দ্রুত সমাধান প্রয়োজন। বিশেষজ্ঞরা মনে করেন, সমন্বিত উদ্যোগ ছাড়া এ সংকট মোকাবিলা সম্ভব নয়। গতকাল সকাল থেকেই বিভিন্ন স্থানে মানুষের ভিড় দেখা যায়। কর্মকর্তারা বিষয়টি খতিয়ে দেখছেন বলে জানিয়েছেন এবং শিগগিরই প্রতিবেদন দেয়া হবে।

কমলাপুরে রনির পাশে
(প্রথম পাতার পর)

দেশ সফর থেকে ফিরে গতকাল বৃহস্পতিবার প্রধানমন্ত্রী মন্ত্রণালয়ের সংবাদিকদের কাছে এ আশাবাদ প্রকাশ করেন তিনি। তিনি বলেন, এ বিষয়ে সংশ্লিষ্ট কর্তৃপক্ষ প্রয়োজনীয় ব্যবস্থা গ্রহণ করবে এবং সকলকে সতর্ক থাকার আহ্বান জানান। স্থানীয় প্রশাসন জানায়, পরিস্থিতি স্বাভাবিক রাখতে সব ধরনের প্রস্তুতি নেয়া হয়েছে। এলাকাবাসী জানান, দীর্ঘদিন ধরে এ সমস্যা চলে আসছে এবং দ্রুত সমাধান প্রয়োজন। বিশেষজ্ঞরা মনে করেন, সমন্বিত উদ্যোগ ছাড়া এ সংকট মোকাবিলা সম্ভব নয়। গতকাল সকাল থেকেই বিভিন্ন স্থানে মানুষের ভিড় দেখা যায়। কর্মকর্তারা বিষয়টি খতিয়ে দেখছেন বলে জানিয়েছেন এবং শিগগিরই প্রতিবেদন দেয়া হবে। দেশ সফর থেকে ফিরে গতকাল বৃহস্পতিবার প্রধানমন্ত্রী মন্ত্রণালয়ের সংবাদিকদের কাছে এ আশাবাদ প্রকাশ করেন তিনি। তিনি বলেন, এ বিষয়ে সংশ্লিষ্ট কর্তৃপক্ষ প্রয়োজনীয় ব্যবস্থা গ্রহণ করবে এবং সকলকে সতর্ক থাকার আহ্বান জানান। স্থানীয় প্রশাসন জানায়, পরিস্থিতি স্বাভাবিক রাখতে সব ধরনের প্রস্তুতি নেয়া হয়েছে। এলাকাবাসী জানান, দীর্ঘদিন ধরে এ সমস্যা চলে আসছে এবং দ্রুত সমাধান প্রয়োজন। বিশেষজ্ঞরা মনে করেন, সমন্বিত উদ্যোগ ছাড়া এ সংকট মোকাবিলা সম্ভব নয়। গতকাল সকাল থেকেই বিভিন্ন স্থানে মানুষের ভিড় দেখা যায়। কর্মকর্তারা বিষয়টি খতিয়ে দেখছেন বলে জানিয়েছেন এবং শিগগিরই প্রতিবেদন দেয়া হবে। দেশ সফর থেকে ফিরে গতকাল বৃহস্পতিবার প্রধানমন্ত্রী মন্ত্রণালয়ের সংবাদিকদের কাছে এ আশাবাদ প্রকাশ করেন তিনি। তিনি বলেন, এ বিষয়ে সংশ্লিষ্ট কর্তৃপক্ষ প্রয়োজনীয় ব্যবস্থা গ্রহণ করবে এবং সকলকে সতর্ক থাকার আহ্বান জানান। স্থানীয় প্রশাসন জানায়, পরিস্থিতি স্বাভাবিক রাখতে সব ধরনের প্রস্তুতি নেয়া হয়েছে। এলাকাবাসী জানান, দীর্ঘদিন ধরে এ সমস্যা চলে আসছে এবং দ্রুত সমাধান প্রয়োজন। বিশেষজ্ঞরা মনে করেন, সমন্বিত উদ্যোগ ছাড়া এ সংকট মোকাবিলা সম্ভব নয়। গতকাল সকাল থেকেই বিভিন্ন স্থানে মানুষের ভিড় দেখা যায়। কর্মকর্তারা বিষয়টি খতিয়ে দেখছেন বলে জানিয়েছেন এবং শিগগিরই প্রতিবেদন দেয়া হবে।

সীমান্তে গুলিতে নিহত
(প্রথম পাতার পর)

দেশ সফর থেকে ফিরে গতকাল বৃহস্পতিবার প্রধানমন্ত্রী মন্ত্রণালয়ের সংবাদিকদের কাছে এ আশাবাদ প্রকাশ করেন তিনি। তিনি বলেন, এ বিষয়ে সংশ্লিষ্ট কর্তৃপক্ষ প্রয়োজনীয় ব্যবস্থা গ্রহণ করবে এবং সকলকে সতর্ক থাকার আহ্বান জানান। স্থানীয় প্রশাসন জানায়, পরিস্থিতি স্বাভাবিক রাখতে সব ধরনের প্রস্তুতি নেয়া হয়েছে। এলাকাবাসী জানান, দীর্ঘদিন ধরে এ সমস্যা চলে আসছে এবং দ্রুত সমাধান প্রয়োজন। বিশেষজ্ঞরা মনে করেন, সমন্বিত উদ্যোগ ছাড়া এ সংকট মোকাবিলা সম্ভব নয়। গতকাল সকাল থেকেই বিভিন্ন স্থানে মানুষের ভিড় দেখা যায়। কর্মকর্তারা বিষয়টি খতিয়ে দেখছেন বলে জানিয়েছেন এবং শিগগিরই প্রতিবেদন দেয়া হবে। দেশ সফর থেকে ফিরে গতকাল বৃহস্পতিবার প্রধানমন্ত্রী মন্ত্রণালয়ের সংবাদিকদের কাছে এ আশাবাদ প্রকাশ করেন তিনি। তিনি বলেন, এ বিষয়ে সংশ্লিষ্ট কর্তৃপক্ষ প্রয়োজনীয় ব্যবস্থা গ্রহণ করবে এবং সকলকে সতর্ক থাকার আহ্বান জানান। স্থানীয় প্রশাসন জানায়, পরিস্থিতি স্বাভাবিক রাখতে সব ধরনের প্রস্তুতি নেয়া হয়েছে। এলাকাবাসী জানান, দীর্ঘদিন ধরে এ সমস্যা চলে আসছে এবং দ্রুত সমাধান প্রয়োজন। বিশেষজ্ঞরা মনে করেন, সমন্বিত উদ্যোগ ছাড়া এ সংকট মোকাবিলা সম্ভব নয়। গতকাল সকাল থেকেই বিভিন্ন স্থানে মানুষের ভিড় দেখা যায়। কর্মকর্তারা বিষয়টি খতিয়ে দেখছেন বলে জানিয়েছেন এবং শিগগিরই প্রতিবেদন দেয়া হবে। দেশ সফর থেকে ফিরে গতকাল বৃহস্পতিবার প্রধানমন্ত্রী মন্ত্রণালয়ের সংবাদিকদের কাছে এ আশাবাদ প্রকাশ করেন তিনি। তিনি বলেন, এ বিষয়ে সংশ্লিষ্ট কর্তৃপক্ষ প্রয়োজনীয় ব্যবস্থা গ্রহণ করবে এবং সকলকে সতর্ক থাকার আহ্বান জানান। স্থানীয় প্রশাসন জানায়, পরিস্থিতি স্বাভাবিক রাখতে সব ধরনের প্রস্তুতি নেয়া হয়েছে। এলাকাবাসী জানান, দীর্ঘদিন ধরে এ সমস্যা চলে আসছে এবং দ্রুত সমাধান প্রয়োজন। বিশেষজ্ঞরা মনে করেন, সমন্বিত উদ্যোগ ছাড়া এ সংকট মোকাবিলা সম্ভব নয়। গতকাল সকাল থেকেই বিভিন্ন স্থানে মানুষের ভিড় দেখা যায়। কর্মকর্তারা বিষয়টি খতিয়ে দেখছেন বলে জানিয়েছেন এবং শিগগিরই প্রতিবেদন দেয়া হবে।

দেশ সফর থেকে ফিরে গতকাল বৃহস্পতিবার প্রধানমন্ত্রী মন্ত্রণালয়ের সংবাদিকদের কাছে এ আশাবাদ প্রকাশ করেন তিনি। তিনি বলেন, এ বিষয়ে সংশ্লিষ্ট কর্তৃপক্ষ প্রয়োজনীয় ব্যবস্থা গ্রহণ করবে এবং সকলকে সতর্ক থাকার আহ্বান জানান। স্থানীয় প্রশাসন জানায়, পরিস্থিতি স্বাভাবিক রাখতে সব ধরনের প্রস্তুতি নেয়া হয়েছে। এলাকাবাসী জানান, দীর্ঘদিন ধরে এ সমস্যা চলে আসছে এবং দ্রুত সমাধান প্রয়োজন। বিশেষজ্ঞরা মনে করেন, সমন্বিত উদ্যোগ ছাড়া এ সংকট মোকাবিলা সম্ভব নয়। গতকাল সকাল থেকেই বিভিন্ন স্থানে মানুষের ভিড় দেখা যায়। কর্মকর্তারা বিষয়টি খতিয়ে দেখছেন বলে জানিয়েছেন এবং শিগগিরই প্রতিবেদন দেয়া হবে। দেশ সফর থেকে ফিরে গতকাল বৃহস্পতিবার প্রধানমন্ত্রী মন্ত্রণালয়ের সংবাদিকদের কাছে এ আশাবাদ প্রকাশ করেন তিনি। তিনি বলেন, এ বিষয়ে সংশ্লিষ্ট কর্তৃপক্ষ প্রয়োজনীয় ব্যবস্থা গ্রহণ করবে এবং সকলকে সতর্ক থাকার আহ্বান জানান। স্থানীয় প্রশাসন জানায়, পরিস্থিতি স্বাভাবিক রাখতে সব ধরনের প্রস্তুতি নেয়া হয়েছে। এলাকাবাসী জানান, দীর্ঘদিন ধরে এ সমস্যা চলে আসছে এবং দ্রুত সমাধান প্রয়োজন। বিশেষজ্ঞরা মনে করেন, সমন্বিত উদ্যোগ ছাড়া এ সংকট মোকাবিলা সম্ভব নয়। গতকাল সকাল থেকেই বিভিন্ন স্থানে মানুষের ভিড় দেখা যায়। কর্মকর্তারা বিষয়টি খতিয়ে দেখছেন বলে জানিয়েছেন এবং শিগগিরই প্রতিবেদন দেয়া হবে।

দেশ সফর থেকে ফিরে গতকাল বৃহস্পতিবার প্রধানমন্ত্রী মন্ত্রণালয়ের সংবাদিকদের কাছে এ আশাবাদ প্রকাশ করেন তিনি। তিনি বলেন, এ বিষয়ে সংশ্লিষ্ট কর্তৃপক্ষ প্রয়োজনীয় ব্যবস্থা গ্রহণ করবে এবং সকলকে সতর্ক থাকার আহ্বান জানান। স্থানীয় প্রশাসন জানায়, পরিস্থিতি স্বাভাবিক রাখতে সব ধরনের প্রস্তুতি নেয়া হয়েছে। এলাকাবাসী জানান, দীর্ঘদিন ধরে এ সমস্যা চলে আসছে এবং দ্রুত সমাধান প্রয়োজন। বিশেষজ্ঞরা মনে করেন, সমন্বিত উদ্যোগ ছাড়া এ সংকট মোকাবিলা সম্ভব নয়। গতকাল সকাল থেকেই বিভিন্ন স্থানে মানুষের ভিড় দেখা যায়। কর্মকর্তারা বিষয়টি খতিয়ে দেখছেন বলে জানিয়েছেন এবং শিগগিরই প্রতিবেদন দেয়া হবে। দেশ সফর থেকে ফিরে গতকাল বৃহস্পতিবার প্রধানমন্ত্রী মন্ত্রণালয়ের সংবাদিকদের কাছে এ আশাবাদ প্রকাশ করেন তিনি। তিনি বলেন, এ বিষয়ে সংশ্লিষ্ট কর্তৃপক্ষ প্রয়োজনীয় ব্যবস্থা গ্রহণ করবে এবং সকলকে সতর্ক থাকার আহ্বান জানান। স্থানীয় প্রশাসন জানায়, পরিস্থিতি স্বাভাবিক রাখতে সব ধরনের প্রস্তুতি নেয়া হয়েছে। এলাকাবাসী জানান, দীর্ঘদিন ধরে এ সমস্যা চলে আসছে এবং দ্রুত সমাধান প্রয়োজন। বিশেষজ্ঞরা মনে করেন, সমন্বিত উদ্যোগ ছাড়া এ সংকট মোকাবিলা সম্ভব নয়। গতকাল সকাল থেকেই বিভিন্ন স্থানে মানুষের ভিড় দেখা যায়। কর্মকর্তারা বিষয়টি খতিয়ে দেখছেন বলে জানিয়েছেন এবং শিগগিরই প্রতিবেদন দেয়া হবে।

দেশ সফর থেকে ফিরে গতকাল বৃহস্পতিবার প্রধানমন্ত্রী মন্ত্রণালয়ের সংবাদিকদের কাছে এ আশাবাদ প্রকাশ করেন তিনি। তিনি বলেন, এ বিষয়ে সংশ্লিষ্ট কর্তৃপক্ষ প্রয়োজনীয় ব্যবস্থা গ্রহণ করবে এবং সকলকে সতর্ক থাকার আহ্বান জানান। স্থানীয় প্রশাসন জানায়, পরিস্থিতি স্বাভাবিক রাখতে সব ধরনের প্রস্তুতি নেয়া হয়েছে। এলাকাবাসী জানান, দীর্ঘদিন ধরে এ সমস্যা চলে আসছে এবং দ্রুত সমাধান প্রয়োজন। বিশেষজ্ঞরা মনে করেন, সমন্বিত উদ্যোগ ছাড়া এ সংকট মোকাবিলা সম্ভব নয়। গতকাল সকাল থেকেই বিভিন্ন স্থানে মানুষের ভিড় দেখা যায়। কর্মকর্তারা বিষয়টি খতিয়ে দেখছেন বলে জানিয়েছেন এবং শিগগিরই প্রতিবেদন দেয়া হবে। দেশ সফর থেকে ফিরে গতকাল বৃহস্পতিবার প্রধানমন্ত্রী মন্ত্রণালয়ের সংবাদিকদের কাছে এ আশাবাদ প্রকাশ করেন তিনি। তিনি বলেন, এ বিষয়ে সংশ্লিষ্ট কর্তৃপক্ষ প্রয়োজনীয় ব্যবস্থা গ্রহণ করবে এবং সকলকে সতর্ক থাকার আহ্বান জানান। স্থানীয় প্রশাসন জানায়, পরিস্থিতি স্বাভাবিক রাখতে সব ধরনের প্রস্তুতি নেয়া হয়েছে। এলাকাবাসী জানান, দীর্ঘদিন ধরে এ সমস্যা চলে আসছে এবং দ্রুত সমাধান প্রয়োজন। বিশেষজ্ঞরা মনে করেন, সমন্বিত উদ্যোগ ছাড়া এ সংকট মোকাবিলা সম্ভব নয়। গতকাল সকাল থেকেই বিভিন্ন স্থানে মানুষের ভিড় দেখা যায়। কর্মকর্তারা বিষয়টি খতিয়ে দেখছেন বলে জানিয়েছেন এবং শিগগিরই প্রতিবেদন দেয়া হবে।

টিকটক ব্যবহারকারীদের ওপর নজরদারির পরামর্শ
(প্রথম পাতার পর)

দেশ সফর থেকে ফিরে গতকাল বৃহস্পতিবার প্রধানমন্ত্রী মন্ত্রণালয়ের সংবাদিকদের কাছে এ আশাবাদ প্রকাশ করেন তিনি। তিনি বলেন, এ বিষয়ে সংশ্লিষ্ট কর্তৃপক্ষ প্রয়োজনীয় ব্যবস্থা গ্রহণ করবে এবং সকলকে সতর্ক থাকার আহ্বান জানান। স্থানীয় প্রশাসন জানায়, পরিস্থিতি স্বাভাবিক রাখতে সব ধরনের প্রস্তুতি নেয়া হয়েছে। এলাকাবাসী জানান, দীর্ঘদিন ধরে এ সমস্যা চলে আসছে এবং দ্রুত সমাধান প্রয়োজন। বিশেষজ্ঞরা মনে করেন, সমন্বিত উদ্যোগ ছাড়া এ সংকট মোকাবিলা সম্ভব নয়। গতকাল সকাল থেকেই বিভিন্ন স্থানে মানুষের ভিড় দেখা যায়। কর্মকর্তারা বিষয়টি খতিয়ে দেখছেন বলে জানিয়েছেন এবং শিগগিরই প্রতিবেদন দেয়া হবে। দেশ সফর থেকে ফিরে গতকাল বৃহস্পতিবার প্রধানমন্ত্রী মন্ত্রণালয়ের সংবাদিকদের কাছে এ আশাবাদ প্রকাশ করেন তিনি। তিনি বলেন, এ বিষয়ে সংশ্লিষ্ট কর্তৃপক্ষ প্রয়োজনীয় ব্যবস্থা গ্রহণ করবে এবং সকলকে সতর্ক থাকার আহ্বান জানান। স্থানীয় প্রশাসন জানায়, পরিস্থিতি স্বাভাবিক রাখতে সব ধরনের প্রস্তুতি নেয়া হয়েছে। এলাকাবাসী জানান, দীর্ঘদিন ধরে এ সমস্যা চলে আসছে এবং দ্রুত সমাধান প্রয়োজন। বিশেষজ্ঞরা মনে করেন, সমন্বিত উদ্যোগ ছাড়া এ সংকট মোকাবিলা সম্ভব নয়। গতকাল সকাল থেকেই বিভিন্ন স্থানে মানুষের ভিড় দেখা যায়। কর্মকর্তারা বিষয়টি খতিয়ে দেখছেন বলে জানিয়েছেন এবং শিগগিরই প্রতিবেদন দেয়া হবে।

বন্দি আলেমদের মুক্তিসহ ৭ দফা দাবি ইসলামি ঐক্যজোটের
(প্রথম পাতার পর)

দেশ সফর থেকে ফিরে গতকাল বৃহস্পতিবার প্রধানমন্ত্রী মন্ত্রণালয়ের সংবাদিকদের কাছে এ আশাবাদ প্রকাশ করেন তিনি। তিনি বলেন, এ বিষয়ে সংশ্লিষ্ট কর্তৃপক্ষ প্রয়োজনীয় ব্যবস্থা গ্রহণ করবে এবং সকলকে সতর্ক থাকার আহ্বান জানান। স্থানীয় প্রশাসন জানায়, পরিস্থিতি স্বাভাবিক রাখতে সব ধরনের প্রস্তুতি নেয়া হয়েছে। এলাকাবাসী জানান, দীর্ঘদিন ধরে এ সমস্যা চলে আসছে এবং দ্রুত সমাধান প্রয়োজন। বিশেষজ্ঞরা মনে করেন, সমন্বিত উদ্যোগ ছাড়া এ সংকট মোকাবিলা সম্ভব নয়। গতকাল সকাল থেকেই বিভিন্ন স্থানে মানুষের ভিড় দেখা যায়। কর্মকর্তারা বিষয়টি খতিয়ে দেখছেন বলে জানিয়েছেন এবং শিগগিরই প্রতিবেদন দেয়া হবে। দেশ সফর থেকে ফিরে গতকাল বৃহস্পতিবার প্রধানমন্ত্রী মন্ত্রণালয়ের সংবাদিকদের কাছে এ আশাবাদ প্রকাশ করেন তিনি। তিনি বলেন, এ বিষয়ে সংশ্লিষ্ট কর্তৃপক্ষ প্রয়োজনীয় ব্যবস্থা গ্রহণ করবে এবং সকলকে সতর্ক থাকার আহ্বান জানান। স্থানীয় প্রশাসন জানায়, পরিস্থিতি স্বাভাবিক রাখতে সব ধরনের প্রস্তুতি নেয়া হয়েছে। এলাকাবাসী জানান, দীর্ঘদিন ধরে এ সমস্যা চলে আসছে এবং দ্রুত সমাধান প্রয়োজন। বিশেষজ্ঞরা মনে করেন, সমন্বিত উদ্যোগ ছাড়া এ সংকট মোকাবিলা সম্ভব নয়। গতকাল সকাল থেকেই বিভিন্ন স্থানে মানুষের ভিড় দেখা যায়। কর্মকর্তারা বিষয়টি খতিয়ে দেখছেন বলে জানিয়েছেন এবং শিগগিরই প্রতিবেদন দেয়া হবে।

রোহিঙ্গা ক্যাম্পে গোলাগুলি কয়েকজন গুলিবিদ্ধ
(প্রথম পাতার পর)

দেশ সফর থেকে ফিরে গতকাল বৃহস্পতিবার প্রধানমন্ত্রী মন্ত্রণালয়ের সংবাদিকদের কাছে এ আশাবাদ প্রকাশ করেন তিনি। তিনি বলেন, এ বিষয়ে সংশ্লিষ্ট কর্তৃপক্ষ প্রয়োজনীয় ব্যবস্থা গ্রহণ করবে এবং সকলকে সতর্ক থাকার আহ্বান জানান। স্থানীয় প্রশাসন জানায়, পরিস্থিতি স্বাভাবিক রাখতে সব ধরনের প্রস্তুতি নেয়া হয়েছে। এলাকাবাসী জানান, দীর্ঘদিন ধরে এ সমস্যা চলে আসছে এবং দ্রুত সমাধান প্রয়োজন। বিশেষজ্ঞরা মনে করেন, সমন্বিত উদ্যোগ ছাড়া এ সংকট মোকাবিলা সম্ভব নয়। গতকাল সকাল থেকেই বিভিন্ন স্থানে মানুষের ভিড় দেখা যায়। কর্মকর্তারা বিষয়টি খতিয়ে দেখছেন বলে জানিয়েছেন এবং শিগগিরই প্রতিবেদন দেয়া হবে। দেশ সফর থেকে ফিরে গতকাল বৃহস্পতিবার প্রধানমন্ত্রী মন্ত্রণালয়ের সংবাদিকদের কাছে এ আশাবাদ প্রকাশ করেন তিনি। তিনি বলেন, এ বিষয়ে সংশ্লিষ্ট কর্তৃপক্ষ প্রয়োজনীয় ব্যবস্থা গ্রহণ করবে এবং সকলকে সতর্ক থাকার আহ্বান জানান। স্থানীয় প্রশাসন জানায়, পরিস্থিতি স্বাভাবিক রাখতে সব ধরনের প্রস্তুতি নেয়া হয়েছে। এলাকাবাসী জানান, দীর্ঘদিন ধরে এ সমস্যা চলে আসছে এবং দ্রুত সমাধান প্রয়োজন। বিশেষজ্ঞরা মনে করেন, সমন্বিত উদ্যোগ ছাড়া এ সংকট মোকাবিলা সম্ভব নয়। গতকাল সকাল থেকেই বিভিন্ন স্থানে মানুষের ভিড় দেখা যায়। কর্মকর্তারা বিষয়টি খতিয়ে দেখছেন বলে জানিয়েছেন এবং শিগগিরই প্রতিবেদন দেয়া হবে।

করোনায় আক্রান্ত জো বাইডেন
(প্রথম পাতার পর)

দেশ সফর থেকে ফিরে গতকাল বৃহস্পতিবার প্রধানমন্ত্রী মন্ত্রণালয়ের সংবাদিকদের কাছে এ আশাবাদ প্রকাশ করেন তিনি। তিনি বলেন, এ বিষয়ে সংশ্লিষ্ট কর্তৃপক্ষ প্রয়োজনীয় ব্যবস্থা গ্রহণ করবে এবং সকলকে সতর্ক থাকার আহ্বান জানান। স্থানীয় প্রশাসন জানায়, পরিস্থিতি স্বাভাবিক রাখতে সব ধরনের প্রস্তুতি নেয়া হয়েছে। এলাকাবাসী জানান, দীর্ঘদিন ধরে এ সমস্যা চলে আসছে এবং দ্রুত সমাধান প্রয়োজন। বিশেষজ্ঞরা মনে করেন, সমন্বিত উদ্যোগ ছাড়া এ সংকট মোকাবিলা সম্ভব নয়। গতকাল সকাল থেকেই বিভিন্ন স্থানে মানুষের ভিড় দেখা যায়। কর্মকর্তারা বিষয়টি খতিয়ে দেখছেন বলে জানিয়েছেন এবং শিগগিরই প্রতিবেদন দেয়া হবে। দেশ সফর থেকে ফিরে গতকাল বৃহস্পতিবার প্রধানমন্ত্রী মন্ত্রণালয়ের সংবাদিকদের কাছে এ আশাবাদ প্রকাশ করেন তিনি। তিনি বলেন, এ বিষয়ে সংশ্লিষ্ট কর্তৃপক্ষ প্রয়োজনীয় ব্যবস্থা গ্রহণ করবে এবং সকলকে সতর্ক থাকার আহ্বান জানান। স্থানীয় প্রশাসন জানায়, পরিস্থিতি স্বাভাবিক রাখতে সব ধরনের প্রস্তুতি নেয়া হয়েছে। এলাকাবাসী জানান, দীর্ঘদিন ধরে এ সমস্যা চলে আসছে এবং দ্রুত সমাধান প্রয়োজন। বিশেষজ্ঞরা মনে করেন, সমন্বিত উদ্যোগ ছাড়া এ সংকট মোকাবিলা সম্ভব নয়। গতকাল সকাল থেকেই বিভিন্ন স্থানে মানুষের ভিড় দেখা যায়। কর্মকর্তারা বিষয়টি খতিয়ে দেখছেন বলে জানিয়েছেন এবং শিগগিরই প্রতিবেদন দেয়া হবে।

সুনামগঞ্জ আদালত
(প্রথম পাতার পর)

দেশ সফর থেকে ফিরে গতকাল বৃহস্পতিবার প্রধানমন্ত্রী মন্ত্রণালয়ের সংবাদিকদের কাছে এ আশাবাদ প্রকাশ করেন তিনি। তিনি বলেন, এ বিষয়ে সংশ্লিষ্ট কর্তৃপক্ষ প্রয়োজনীয় ব্যবস্থা গ্রহণ করবে এবং সকলকে সতর্ক থাকার আহ্বান জানান। স্থানীয় প্রশাসন জানায়, পরিস্থিতি স্বাভাবিক রাখতে সব ধরনের প্রস্তুতি নেয়া হয়েছে। এলাকাবাসী জানান, দীর্ঘদিন ধরে এ সমস্যা চলে আসছে এবং দ্রুত সমাধান প্রয়োজন। বিশেষজ্ঞরা মনে করেন, সমন্বিত উদ্যোগ ছাড়া এ সংকট মোকাবিলা সম্ভব নয়। গতকাল সকাল থেকেই বিভিন্ন স্থানে মানুষের ভিড় দেখা যায়। কর্মকর্তারা বিষয়টি খতিয়ে দেখছেন বলে জানিয়েছেন এবং শিগগিরই প্রতিবেদন দেয়া হবে। দেশ সফর থেকে ফিরে গতকাল বৃহস্পতিবার প্রধানমন্ত্রী মন্ত্রণালয়ের সংবাদিকদের কাছে এ আশাবাদ প্রকাশ করেন তিনি। তিনি বলেন, এ বিষয়ে সংশ্লিষ্ট কর্তৃপক্ষ প্রয়োজনীয় ব্যবস্থা গ্রহণ করবে এবং সকলকে সতর্ক থাকার আহ্বান জানান। স্থানীয় প্রশাসন জানায়, পরিস্থিতি স্বাভাবিক রাখতে সব ধরনের প্রস্তুতি নেয়া হয়েছে। এলাকাবাসী জানান, দীর্ঘদিন ধরে এ সমস্যা চলে আসছে এবং দ্রুত সমাধান প্রয়োজন। বিশেষজ্ঞরা মনে করেন, সমন্বিত উদ্যোগ ছাড়া এ সংকট মোকাবিলা সম্ভব নয়। গতকাল সকাল থেকেই বিভিন্ন স্থানে মানুষের ভিড় দেখা যায়। কর্মকর্তারা বিষয়টি খতিয়ে দেখছেন বলে জানিয়েছেন এবং শিগগিরই প্রতিবেদন দেয়া হবে।

দেশ সফর থেকে ফিরে গতকাল বৃহস্পতিবার প্রধানমন্ত্রী মন্ত্রণালয়ের সংবাদিকদের কাছে এ আশাবাদ প্রকাশ করেন তিনি। তিনি বলেন, এ বিষয়ে সংশ্লিষ্ট কর্তৃপক্ষ প্রয়োজনীয় ব্যবস্থা গ্রহণ করবে এবং সকলকে সতর্ক থাকার আহ্বান জানান। স্থানীয় প্রশাসন জানায়, পরিস্থিতি স্বাভাবিক রাখতে সব ধরনের প্রস্তুতি নেয়া হয়েছে। এলাকাবাসী জানান, দীর্ঘদিন ধরে এ সমস্যা চলে আসছে এবং দ্রুত সমাধান প্রয়োজন। বিশেষজ্ঞরা মনে করেন, সমন্বিত উদ্যোগ ছাড়া এ সংকট মোকাবিলা সম্ভব নয়। গতকাল সকাল থেকেই বিভিন্ন স্থানে মানুষের ভিড় দেখা যায়। কর্মকর্তারা বিষয়টি খতিয়ে দেখছেন বলে জানিয়েছেন এবং শিগগিরই প্রতিবেদন দেয়া হবে। দেশ সফর থেকে ফিরে গতকাল বৃহস্পতিবার প্রধানমন্ত্রী মন্ত্রণালয়ের সংবাদিকদের কাছে এ আশাবাদ প্রকাশ করেন তিনি। তিনি বলেন, এ বিষয়ে সংশ্লিষ্ট কর্তৃপক্ষ প্রয়োজনীয় ব্যবস্থা গ্রহণ করবে এবং সকলকে সতর্ক থাকার আহ্বান জানান। স্থানীয় প্রশাসন জানায়, পরিস্থিতি স্বাভাবিক রাখতে সব ধরনের প্রস্তুতি নেয়া হয়েছে। এলাকাবাসী জানান, দীর্ঘদিন ধরে এ সমস্যা চলে আসছে এবং দ্রুত সমাধান প্রয়োজন। বিশেষজ্ঞরা মনে করেন, সমন্বিত উদ্যোগ ছাড়া এ সংকট মোকাবিলা সম্ভব নয়। গতকাল সকাল থেকেই বিভিন্ন স্থানে মানুষের ভিড় দেখা যায়। কর্মকর্তারা বিষয়টি খতিয়ে দেখছেন বলে জানিয়েছেন এবং শিগগিরই প্রতিবেদন দেয়া হবে।

দেশ সফর থেকে ফিরে গতকাল বৃহস্পতিবার প্রধানমন্ত্রী মন্ত্রণালয়ের সংবাদিকদের কাছে এ আশাবাদ প্রকাশ করেন তিনি। তিনি বলেন, এ বিষয়ে সংশ্লিষ্ট কর্তৃপক্ষ প্রয়োজনীয় ব্যবস্থা গ্রহণ করবে এবং সকলকে সতর্ক থাকার আহ্বান জানান। স্থানীয় প্রশাসন জানায়, পরিস্থিতি স্বাভাবিক রাখতে সব ধরনের প্রস্তুতি নেয়া হয়েছে। এলাকাবাসী জানান, দীর্ঘদিন ধরে এ সমস্যা চলে আসছে এবং দ্রুত সমাধান প্রয়োজন। বিশেষজ্ঞরা মনে করেন, সমন্বিত উদ্যোগ ছাড়া এ সংকট মোকাবিলা সম্ভব নয়। গতকাল সকাল থেকেই বিভিন্ন স্থানে মানুষের ভিড় দেখা যায়। কর্মকর্তারা বিষয়টি খতিয়ে দেখছেন বলে জানিয়েছেন এবং শিগগিরই প্রতিবেদন দেয়া হবে। দেশ সফর থেকে ফিরে গতকাল বৃহস্পতিবার প্রধানমন্ত্রী মন্ত্রণালয়ের সংবাদিকদের কাছে এ আশাবাদ প্রকাশ করেন তিনি। তিনি বলেন, এ বিষয়ে সংশ্লিষ্ট কর্তৃপক্ষ প্রয়োজনীয় ব্যবস্থা গ্রহণ করবে এবং সকলকে সতর্ক থাকার আহ্বান জানান। স্থানীয় প্রশাসন জানায়, পরিস্থিতি স্বাভাবিক রাখতে সব ধরনের প্রস্তুতি নেয়া হয়েছে। এলাকাবাসী জানান, দীর্ঘদিন ধরে এ সমস্যা চলে আসছে এবং দ্রুত সমাধান প্রয়োজন। বিশেষজ্ঞরা মনে করেন, সমন্বিত উদ্যোগ ছাড়া এ সংকট মোকাবিলা সম্ভব নয়। গতকাল সকাল থেকেই বিভিন্ন স্থানে মানুষের ভিড় দেখা যায়। কর্মকর্তারা বিষয়টি খতিয়ে দেখছেন বলে জানিয়েছেন এবং শিগগিরই প্রতিবেদন দেয়া হবে।

দেশ সফর থেকে ফিরে গতকাল বৃহস্পতিবার প্রধানমন্ত্রী মন্ত্রণালয়ের সংবাদিকদের কাছে এ আশাবাদ প্রকাশ করেন তিনি। তিনি বলেন, এ বিষয়ে সংশ্লিষ্ট কর্তৃপক্ষ প্রয়োজনীয় ব্যবস্থা গ্রহণ করবে এবং সকলকে সতর্ক থাকার আহ্বান জানান। স্থানীয় প্রশাসন জানায়, পরিস্থিতি স্বাভাবিক রাখতে সব ধরনের প্রস্তুতি নেয়া হয়েছে। এলাকাবাসী জানান, দীর্ঘদিন ধরে এ সমস্যা চলে আসছে এবং দ্রুত সমাধান প্রয়োজন। বিশেষজ্ঞরা মনে করেন, সমন্বিত উদ্যোগ ছাড়া এ সংকট মোকাবিলা সম্ভব নয়। গতকাল সকাল থেকেই বিভিন্ন স্থানে মানুষের ভিড় দেখা যায়। কর্মকর্তারা বিষয়টি খতিয়ে দেখছেন বলে জানিয়েছেন এবং শিগগিরই প্রতিবেদন দেয়া হবে। দেশ সফর থেকে ফিরে গতকাল বৃহস্পতিবার প্রধানমন্ত্রী মন্ত্রণালয়ের সংবাদিকদের কাছে এ আশাবাদ প্রকাশ করেন তিনি। তিনি বলেন, এ বিষয়ে সংশ্লিষ্ট কর্তৃপক্ষ প্রয়োজনীয় ব্যবস্থা গ্রহণ করবে এবং সকলকে সতর্ক থাকার আহ্বান জানান। স্থানীয় প্রশাসন জানায়, পরিস্থিতি স্বাভাবিক রাখতে সব ধরনের প্রস্তুতি নেয়া হয়েছে। এলাকাবাসী জানান, দীর্ঘদিন ধরে এ সমস্যা চলে আসছে এবং দ্রুত সমাধান প্রয়োজন। বিশেষজ্ঞরা মনে করেন, সমন্বিত উদ্যোগ ছাড়া এ সংকট মোকাবিলা সম্ভব নয়। গতকাল সকাল থেকেই বিভিন্ন স্থানে মানুষের ভিড় দেখা যায়। কর্মকর্তারা বিষয়টি খতিয়ে দেখছেন বলে জানিয়েছেন এবং শিগগিরই প্রতিবেদন দেয়া হবে।

নিরাপদ ক্যাম্পাস দাবিতে
(প্রথম পাতার পর)

দেশ সফর থেকে ফিরে গতকাল বৃহস্পতিবার প্রধানমন্ত্রী মন্ত্রণালয়ের সংবাদিকদের কাছে এ আশাবাদ প্রকাশ করেন তিনি। তিনি বলেন, এ বিষয়ে সংশ্লিষ্ট কর্তৃপক্ষ প্রয়োজনীয় ব্যবস্থা গ্রহণ করবে এবং সকলকে সতর্ক থাকার আহ্বান জানান। স্থানীয় প্রশাসন জানায়, পরিস্থিতি স্বাভাবিক রাখতে সব ধরনের প্রস্তুতি নেয়া হয়েছে। এলাকাবাসী জানান, দীর্ঘদিন ধরে এ সমস্যা চলে আসছে এবং দ্রুত সমাধান প্রয়োজন। বিশেষজ্ঞরা মনে করেন, সমন্বিত উদ্যোগ ছাড়া এ সংকট মোকাবিলা সম্ভব নয়। গতকাল সকাল থেকেই বিভিন্ন স্থানে মানুষের ভিড় দেখা যায়। কর্মকর্তারা বিষয়টি খতিয়ে দেখছেন বলে জানিয়েছেন এবং শিগগিরই প্রতিবেদন দেয়া হবে। দেশ সফর থেকে ফিরে গতকাল বৃহস্পতিবার প্রধানমন্ত্রী মন্ত্রণালয়ের সংবাদিকদের কাছে এ আশাবাদ প্রকাশ করেন তিনি। তিনি বলেন, এ বিষয়ে সংশ্লিষ্ট কর্তৃপক্ষ প্রয়োজনীয় ব্যবস্থা গ্রহণ করবে এবং সকলকে সতর্ক থাকার আহ্বান জানান। স্থানীয় প্রশাসন জানায়, পরিস্থিতি স্বাভাবিক রাখতে সব ধরনের প্রস্তুতি নেয়া হয়েছে। এলাকাবাসী জানান, দীর্ঘদিন ধরে এ সমস্যা চলে আসছে এবং দ্রুত সমাধান প্রয়োজন। বিশেষজ্ঞরা মনে করেন, সমন্বিত উদ্যোগ ছাড়া এ সংকট মোকাবিলা সম্ভব নয়। গতকাল সকাল থেকেই বিভিন্ন স্থানে মানুষের ভিড় দেখা যায়। কর্মকর্তারা বিষয়টি খতিয়ে দেখছেন বলে জানিয়েছেন এবং শিগগিরই প্রতিবেদন দেয়া হবে। দেশ সফর থেকে ফিরে গতকাল বৃহস্পতিবার প্রধানমন্ত্রী মন্ত্রণালয়ের সংবাদিকদের কাছে এ আশাবাদ প্রকাশ করেন তিনি। তিনি বলেন, এ বিষয়ে সংশ্লিষ্ট কর্তৃপক্ষ প্রয়োজনীয় ব্যবস্থা গ্রহণ করবে এবং সকলকে সতর্ক থাকার আহ্বান জানান। স্থানীয় প্রশাসন জানায়, পরিস্থিতি স্বাভাবিক রাখতে সব ধরনের প্রস্তুতি নেয়া হয়েছে। এলাকাবাসী জানান, দীর্ঘদিন ধরে এ সমস্যা চলে আসছে এবং দ্রুত সমাধান প্রয়োজন। বিশেষজ্ঞরা মনে করেন, সমন্বিত উদ্যোগ ছাড়া এ সংকট মোকাবিলা সম্ভব নয়। গতকাল সকাল থেকেই বিভিন্ন স্থানে মানুষের ভিড় দেখা যায়। কর্মকর্তারা বিষয়টি খতিয়ে দেখছেন বলে জানিয়েছেন এবং শিগগিরই প্রতিবেদন দেয়া হবে।

রাতে পুলিশ কর্মকর্তার
(প্রথম পাতার পর)

দেশ সফর থেকে ফিরে গতকাল বৃহস্পতিবার প্রধানমন্ত্রী মন্ত্রণালয়ের সংবাদিকদের কাছে এ আশাবাদ প্রকাশ করেন তিনি। তিনি বলেন, এ বিষয়ে সংশ্লিষ্ট কর্তৃপক্ষ প্রয়োজনীয় ব্যবস্থা গ্রহণ করবে এবং সকলকে সতর্ক থাকার আহ্বান জানান। স্থানীয় প্রশাসন জানায়, পরিস্থিতি স্বাভাবিক রাখতে সব ধরনের প্রস্তুতি নেয়া হয়েছে। এলাকাবাসী জানান, দীর্ঘদিন ধরে এ সমস্যা চলে আসছে এবং দ্রুত সমাধান প্রয়োজন। বিশেষজ্ঞরা মনে করেন, সমন্বিত উদ্যোগ ছাড়া এ সংকট মোকাবিলা সম্ভব নয়। গতকাল সকাল থেকেই বিভিন্ন স্থানে মানুষের ভিড় দেখা যায়। কর্মকর্তারা বিষয়টি খতিয়ে দেখছেন বলে জানিয়েছেন এবং শিগগিরই প্রতিবেদন দেয়া হবে। দেশ সফর থেকে ফিরে গতকাল বৃহস্পতিবার প্রধানমন্ত্রী মন্ত্রণালয়ের সংবাদিকদের কাছে এ আশাবাদ প্রকাশ করেন তিনি। তিনি বলেন, এ বিষয়ে সংশ্লিষ্ট কর্তৃপক্ষ প্রয়োজনীয় ব্যবস্থা গ্রহণ করবে এবং সকলকে সতর্ক থাকার আহ্বান জানান। স্থানীয় প্রশাসন জানায়, পরিস্থিতি স্বাভাবিক রাখতে সব ধরনের প্রস্তুতি নেয়া হয়েছে। এলাকাবাসী জানান, দীর্ঘদিন ধরে এ সমস্যা চলে আসছে এবং দ্রুত সমাধান প্রয়োজন। বিশেষজ্ঞরা মনে করেন, সমন্বিত উদ্যোগ ছাড়া এ সংকট মোকাবিলা সম্ভব নয়। গতকাল সকাল থেকেই বিভিন্ন স্থানে মানুষের ভিড় দেখা যায়। কর্মকর্তারা বিষয়টি খতিয়ে দেখছেন বলে জানিয়েছেন এবং শিগগিরই প্রতিবেদন দেয়া হবে।

খুঁজে দেখেন কেউ
(প্রথম পাতার পর)

দেশ সফর থেকে ফিরে গতকাল বৃহস্পতিবার প্রধানমন্ত্রী মন্ত্রণালয়ের সংবাদিকদের কাছে এ আশাবাদ প্রকাশ করেন তিনি। তিনি বলেন, এ বিষয়ে সংশ্লিষ্ট কর্তৃপক্ষ প্রয়োজনীয় ব্যবস্থা গ্রহণ করবে এবং সকলকে সতর্ক থাকার আহ্বান জানান। স্থানীয় প্রশাসন জানায়, পরিস্থিতি স্বাভাবিক রাখতে সব ধরনের প্রস্তুতি নেয়া হয়েছে। এলাকাবাসী জানান, দীর্ঘদিন ধরে এ সমস্যা চলে আসছে এবং দ্রুত সমাধান প্রয়োজন। বিশেষজ্ঞরা মনে করেন, সমন্বিত উদ্যোগ ছাড়া এ সংকট মোকাবিলা সম্ভব নয়। গতকাল সকাল থেকেই বিভিন্ন স্থানে মানুষের ভিড় দেখা যায়। কর্মকর্তারা বিষয়টি খতিয়ে দেখছেন বলে জানিয়েছেন এবং শিগগিরই প্রতিবেদন দেয়া হবে। দেশ সফর থেকে ফিরে গতকাল বৃহস্পতিবার প্রধানমন্ত্রী মন্ত্রণালয়ের সংবাদিকদের কাছে এ আশাবাদ প্রকাশ করেন তিনি। তিনি বলেন, এ বিষয়ে সংশ্লিষ্ট কর্তৃপক্ষ প্রয়োজনীয় ব্যবস্থা গ্রহণ করবে এবং সকলকে সতর্ক থাকার আহ্বান জানান। স্থানীয় প্রশাসন জানায়, পরিস্থিতি স্বাভাবিক রাখতে সব ধরনের প্রস্তুতি নেয়া হয়েছে। এলাকাবাসী জানান, দীর্ঘদিন ধরে এ সমস্যা চলে আসছে এবং দ্রুত সমাধান প্রয়োজন। বিশেষজ্ঞরা মনে করেন, সমন্বিত উদ্যোগ ছাড়া এ সংকট মোকাবিলা সম্ভব নয়। গতকাল সকাল থেকেই বিভিন্ন স্থানে মানুষের ভিড় দেখা যায়। কর্মকর্তারা বিষয়টি খতিয়ে দেখছেন বলে জানিয়েছেন এবং শিগগিরই প্রতিবেদন দেয়া হবে। দেশ সফর থেকে ফিরে গতকাল বৃহস্পতিবার প্রধানমন্ত্রী মন্ত্রণালয়ের সংবাদিকদের কাছে এ আশাবাদ প্রকাশ করেন তিনি। তিনি বলেন, এ বিষয়ে সংশ্লিষ্ট কর্তৃপক্ষ প্রয়োজনীয় ব্যবস্থা গ্রহণ করবে এবং সকলকে সতর্ক থাকার আহ্বান জানান। স্থানীয় প্রশাসন জানায়, পরিস্থিতি স্বাভাবিক রাখতে সব ধরনের প্রস্তুতি নেয়া হয়েছে। এলাকাবাসী জানান, দীর্ঘদিন ধরে এ সমস্যা চলে আসছে এবং দ্রুত সমাধান প্রয়োজন। বিশেষজ্ঞরা মনে করেন, সমন্বিত উদ্যোগ ছাড়া এ সংকট মোকাবিলা সম্ভব নয়। গতকাল সকাল থেকেই বিভিন্ন স্থানে মানুষের ভিড় দেখা যায়। কর্মকর্তারা বিষয়টি খতিয়ে দেখছেন বলে জানিয়েছেন এবং শিগগিরই প্রতিবেদন দেয়া হবে। দেশ সফর থেকে ফিরে গতকাল বৃহস্পতিবার প্রধানমন্ত্রী মন্ত্রণালয়ের সংবাদিকদের কাছে এ আশাবাদ প্রকাশ করেন তিনি। তিনি বলেন, এ বিষয়ে সংশ্লিষ্ট কর্তৃপক্ষ প্রয়োজনীয় ব্যবস্থা গ্রহণ করবে এবং সকলকে সতর্ক থাকার আহ্বান জানান। স্থানীয় প্রশাসন জানায়, পরিস্থিতি স্বাভাবিক রাখতে সব ধরনের প্রস্তুতি নেয়া হয়েছে। এলাকাবাসী জানান, দীর্ঘদিন ধরে এ সমস্যা চলে আসছে এবং দ্রুত সমাধান প্রয়োজন। বিশেষজ্ঞরা মনে করেন, সমন্বিত উদ্যোগ ছাড়া এ সংকট মোকাবিলা সম্ভব নয়। গতকাল সকাল থেকেই বিভিন্ন স্থানে মানুষের ভিড় দেখা যায়। কর্মকর্তারা বিষয়টি খতিয়ে দেখছেন বলে জানিয়েছেন এবং শিগগিরই প্রতিবেদন দেয়া হবে।

পঞ্চগড় উত্তরের প্রথম
(প্রথম পাতার পর)

দেশ সফর থেকে ফিরে গতকাল বৃহস্পতিবার প্রধানমন্ত্রী মন্ত্রণালয়ের সংবাদিকদের কাছে এ আশাবাদ প্রকাশ করেন তিনি। তিনি বলেন, এ বিষয়ে সংশ্লিষ্ট কর্তৃপক্ষ প্রয়োজনীয় ব্যবস্থা গ্রহণ করবে এবং সকলকে সতর্ক থাকার আহ্বান জানান। স্থানীয় প্রশাসন জানায়, পরিস্থিতি স্বাভাবিক রাখতে সব ধরনের প্রস্তুতি নেয়া হয়েছে। এলাকাবাসী জানান, দীর্ঘদিন ধরে এ সমস্যা চলে আসছে এবং দ্রুত সমাধান প্রয়োজন। বিশেষজ্ঞরা মনে করেন, সমন্বিত উদ্যোগ ছাড়া এ সংকট মোকাবিলা সম্ভব নয়। গতকাল সকাল থেকেই বিভিন্ন স্থানে মানুষের ভিড় দেখা যায়। কর্মকর্তারা বিষয়টি খতিয়ে দেখছেন বলে জানিয়েছেন এবং শিগগিরই প্রতিবেদন দেয়া হবে। দেশ সফর থেকে ফিরে গতকাল বৃহস্পতিবার প্রধানমন্ত্রী মন্ত্রণালয়ের সংবাদিকদের কাছে এ আশাবাদ প্রকাশ করেন তিনি। তিনি বলেন, এ বিষয়ে সংশ্লিষ্ট কর্তৃপক্ষ প্রয়োজনীয় ব্যবস্থা গ্রহণ করবে এবং সকলকে সতর্ক থাকার আহ্বান জানান। স্থানীয় প্রশাসন জানায়, পরিস্থিতি স্বাভাবিক রাখতে সব ধরনের প্রস্তুতি নেয়া হয়েছে। এলাকাবাসী জানান, দীর্ঘদিন ধরে এ সমস্যা চলে আসছে এবং দ্রুত সমাধান প্রয়োজন। বিশেষজ্ঞরা মনে করেন, সমন্বিত উদ্যোগ ছাড়া এ সংকট মোকাবিলা সম্ভব নয়। গতকাল সকাল থেকেই বিভিন্ন স্থানে মানুষের ভিড় দেখা যায়। কর্মকর্তারা বিষয়টি খতিয়ে দেখছেন বলে জানিয়েছেন এবং শিগগিরই প্রতিবেদন দেয়া হবে। দেশ সফর থেকে ফিরে গতকাল বৃহস্পতিবার প্রধানমন্ত্রী মন্ত্রণালয়ের সংবাদিকদের কাছে এ আশাবাদ প্রকাশ করেন তিনি। তিনি বলেন, এ বিষয়ে সংশ্লিষ্ট কর্তৃপক্ষ প্রয়োজনীয় ব্যবস্থা গ্রহণ করবে এবং সকলকে সতর্ক থাকার আহ্বান জানান। স্থানীয় প্রশাসন জানায়, পরিস্থিতি স্বাভাবিক রাখতে সব ধরনের প্রস্তুতি নেয়া হয়েছে। এলাকাবাসী জানান, দীর্ঘদিন ধরে এ সমস্যা চলে আসছে এবং দ্রুত সমাধান প্রয়োজন। বিশেষজ্ঞরা মনে করেন, সমন্বিত উদ্যোগ ছাড়া এ সংকট মোকাবিলা সম্ভব নয়। গতকাল সকাল থেকেই বিভিন্ন স্থানে মানুষের ভিড় দেখা যায়। কর্মকর্তারা বিষয়টি খতিয়ে দেখছেন বলে জানিয়েছেন এবং শিগগিরই প্রতিবেদন দেয়া হবে।

দেশ সফর থেকে ফিরে গতকাল বৃহস্পতিবার প্রধানমন্ত্রী মন্ত্রণালয়ের সংবাদিকদের কাছে এ আশাবাদ প্রকাশ করেন তিনি। তিনি বলেন, এ বিষয়ে সংশ্লিষ্ট কর্তৃপক্ষ প্রয়োজনীয় ব্যবস্থা গ্রহণ করবে এবং সকলকে সতর্ক থাকার আহ্বান জানান। স্থানীয় প্রশাসন জানায়, পরিস্থিতি স্বাভাবিক রাখতে সব ধরনের প্রস্তুতি নেয়া হয়েছে। এলাকাবাসী জানান, দীর্ঘদিন ধরে এ সমস্যা চলে আসছে এবং দ্রুত সমাধান প্রয়োজন। বিশেষজ্ঞরা মনে করেন, সমন্বিত উদ্যোগ ছাড়া এ সংকট মোকাবিলা সম্ভব নয়। গতকাল সকাল থেকেই বিভিন্ন স্থানে মানুষের ভিড় দেখা যায়। কর্মকর্তারা বিষয়টি খতিয়ে দেখছেন বলে জানিয়েছেন এবং শিগগিরই প্রতিবেদন দেয়া হবে। দেশ সফর থেকে ফিরে গতকাল বৃহস্পতিবার প্রধানমন্ত্রী মন্ত্রণালয়ের সংবাদিকদের কাছে এ আশাবাদ প্রকাশ করেন তিনি। তিনি বলেন, এ বিষয়ে সংশ্লিষ্ট কর্তৃপক্ষ প্রয়োজনীয় ব্যবস্থা গ্রহণ করবে এবং সকলকে সতর্ক থাকার আহ্বান জানান। স্থানীয় প্রশাসন জানায়, পরিস্থিতি স্বাভাবিক রাখতে সব ধরনের প্রস্তুতি নেয়া হয়েছে। এলাকাবাসী জানান, দীর্ঘদিন ধরে এ সমস্যা চলে আসছে এবং দ্রুত সমাধান প্রয়োজন। বিশেষজ্ঞরা মনে করেন, সমন্বিত উদ্যোগ ছাড়া এ সংকট মোকাবিলা সম্ভব নয়। গতকাল সকাল থেকেই বিভিন্ন স্থানে মানুষের ভিড় দেখা যায়। কর্মকর্তারা বিষয়টি খতিয়ে দেখছেন বলে জানিয়েছেন এবং শিগগিরই প্রতিবেদন দেয়া হবে।

দেশ সফর থেকে ফিরে গতকাল বৃহস্পতিবার প্রধানমন্ত্রী মন্ত্রণালয়ের সংবাদিকদের কাছে এ আশাবাদ প্রকাশ করেন তিনি। তিনি বলেন, এ বিষয়ে সংশ্লিষ্ট কর্তৃপক্ষ প্রয়োজনীয় ব্যবস্থা গ্রহণ করবে এবং সকলকে সতর্ক থাকার আহ্বান জানান। স্থানীয় প্রশাসন জানায়, পরিস্থিতি স্বাভাবিক রাখতে সব ধরনের প্রস্তুতি নেয়া হয়েছে। এলাকাবাসী জানান, দীর্ঘদিন ধরে এ সমস্যা চলে আসছে এবং দ্রুত সমাধান প্রয়োজন। বিশেষজ্ঞরা মনে করেন, সমন্বিত উদ্যোগ ছাড়া এ সংকট মোকাবিলা সম্ভব নয়। গতকাল সকাল থেকেই বিভিন্ন স্থানে মানুষের ভিড় দেখা যায়। কর্মকর্তারা বিষয়টি খতিয়ে দেখছেন বলে জানিয়েছেন এবং শিগগিরই প্রতিবেদন দেয়া হবে। দেশ সফর থেকে ফিরে গতকাল বৃহস্পতিবার প্রধানমন্ত্রী মন্ত্রণালয়ের সংবাদিকদের কাছে এ আশাবাদ প্রকাশ করেন তিনি। তিনি বলেন, এ বিষয়ে সংশ্লিষ্ট কর্তৃপক্ষ প্রয়োজনীয় ব্যবস্থা গ্রহণ করবে এবং সকলকে সতর্ক থাকার আহ্বান জানান। স্থানীয় প্রশাসন জানায়, পরিস্থিতি স্বাভাবিক রাখতে সব ধরনের প্রস্তুতি নেয়া হয়েছে। এলাকাবাসী জানান, দীর্ঘদিন ধরে এ সমস্যা চলে আসছে এবং দ্রুত সমাধান প্রয়োজন। বিশেষজ্ঞরা মনে করেন, সমন্বিত উদ্যোগ ছাড়া এ সংকট মোকাবিলা সম্ভব নয়। গতকাল সকাল থেকেই বিভিন্ন স্থানে মানুষের ভিড় দেখা যায়। কর্মকর্তারা বিষয়টি খতিয়ে দেখছেন বলে জানিয়েছেন এবং শিগগিরই প্রতিবেদন দেয়া হবে।

দেশ সফর থেকে ফিরে গতকাল বৃহস্পতিবার প্রধানমন্ত্রী মন্ত্রণালয়ের সংবাদিকদের কাছে এ আশাবাদ প্রকাশ করেন তিনি। তিনি বলেন, এ বিষয়ে সংশ্লিষ্ট কর্তৃপক্ষ প্রয়োজনীয় ব্যবস্থা গ্রহণ করবে এবং সকলকে সতর্ক থাকার আহ্বান জানান। স্থানীয় প্রশাসন জানায়, পরিস্থিতি স্বাভাবিক রাখতে সব ধরনের প্রস্তুতি নেয়া হয়েছে। এলাকাবাসী জানান, দীর্ঘদিন ধরে এ সমস্যা চলে আসছে এবং দ্রুত সমাধান প্রয়োজন। বিশেষজ্ঞরা মনে করেন, সমন্বিত উদ্যোগ ছাড়া এ সংকট মোকাবিলা সম্ভব নয়। গতকাল সকাল থেকেই বিভিন্ন স্থানে মানুষের ভিড় দেখা যায়। কর্মকর্তারা বিষয়টি খতিয়ে দেখছেন বলে জানিয়েছেন এবং শিগগিরই প্রতিবেদন দেয়া হবে। দেশ সফর থেকে ফিরে গতকাল বৃহস্পতিবার প্রধানমন্ত্রী মন্ত্রণালয়ের সংবাদিকদের কাছে এ আশাবাদ প্রকাশ করেন তিনি। তিনি বলেন, এ বিষয়ে সংশ্লিষ্ট কর্তৃপক্ষ প্রয়োজনীয় ব্যবস্থা গ্রহণ করবে এবং সকলকে সতর্ক থাকার আহ্বান জানান। স্থানীয় প্রশাসন জানায়, পরিস্থিতি স্বাভাবিক রাখতে সব ধরনের প্রস্তুতি নেয়া হয়েছে। এলাকাবাসী জানান, দীর্ঘদিন ধরে এ সমস্যা চলে আসছে এবং দ্রুত সমাধান প্রয়োজন। বিশেষজ্ঞরা মনে করেন, সমন্বিত উদ্যোগ ছাড়া এ সংকট মোকাবিলা সম্ভব নয়। গতকাল সকাল থেকেই বিভিন্ন স্থানে মানুষের ভিড় দেখা যায়। কর্মকর্তারা বিষয়টি খতিয়ে দেখছেন বলে জানিয়েছেন এবং শিগগিরই প্রতিবেদন দেয়া হবে।

দেশ সফর থেকে ফিরে গতকাল বৃহস্পতিবার প্রধানমন্ত্রী মন্ত্রণালয়ের সংবাদিকদের কাছে এ আশাবাদ প্রকাশ করেন তিনি। তিনি বলেন, এ বিষয়ে সংশ্লিষ্ট কর্তৃপক্ষ প্রয়োজনীয় ব্যবস্থা গ্রহণ করবে এবং সকলকে সতর্ক থাকার আহ্বান জানান। স্থানীয় প্রশাসন জানায়, পরিস্থিতি স্বাভাবিক রাখতে সব ধরনের প্রস্তুতি নেয়া হয়েছে। এলাকাবাসী জানান, দীর্ঘদিন ধরে এ সমস্যা চলে আসছে এবং দ্রুত সমাধান প্রয়োজন। বিশেষজ্ঞরা মনে করেন, সমন্বিত উদ্যোগ ছাড়া এ সংকট মোকাবিলা সম্ভব নয়। গতকাল সকাল থেকেই বিভিন্ন স্থানে মানুষের ভিড় দেখা যায়। কর্মকর্তারা বিষয়টি খতিয়ে দেখছেন বলে জানিয়েছেন এবং শিগগিরই প্রতিবেদন দেয়া হবে। দেশ সফর থেকে ফিরে গতকাল বৃহস্পতিবার প্রধানমন্ত্রী মন্ত্রণালয়ের সংবাদিকদের কাছে এ আশাবাদ প্রকাশ করেন তিনি। তিনি বলেন, এ বিষয়ে সংশ্লিষ্ট কর্তৃপক্ষ প্রয়োজনীয় ব্যবস্থা গ্রহণ করবে এবং সকলকে সতর্ক থাকার আহ্বান জানান। স্থানীয় প্রশাসন জানায়, পরিস্থিতি স্বাভাবিক রাখতে সব ধরনের প্রস্তুতি নেয়া হয়েছে। এলাকাবাসী জানান, দীর্ঘদিন ধরে এ সমস্যা চলে আসছে এবং দ্রুত সমাধান প্রয়োজন। বিশেষজ্ঞরা মনে করেন, সমন্বিত উদ্যোগ ছাড়া এ সংকট মোকাবিলা সম্ভব নয়। গতকাল সকাল থেকেই বিভিন্ন স্থানে মানুষের ভিড় দেখা যায়। কর্মকর্তারা বিষয়টি খতিয়ে দেখছেন বলে জানিয়েছেন এবং শিগগিরই প্রতিবেদন দেয়া হবে।
